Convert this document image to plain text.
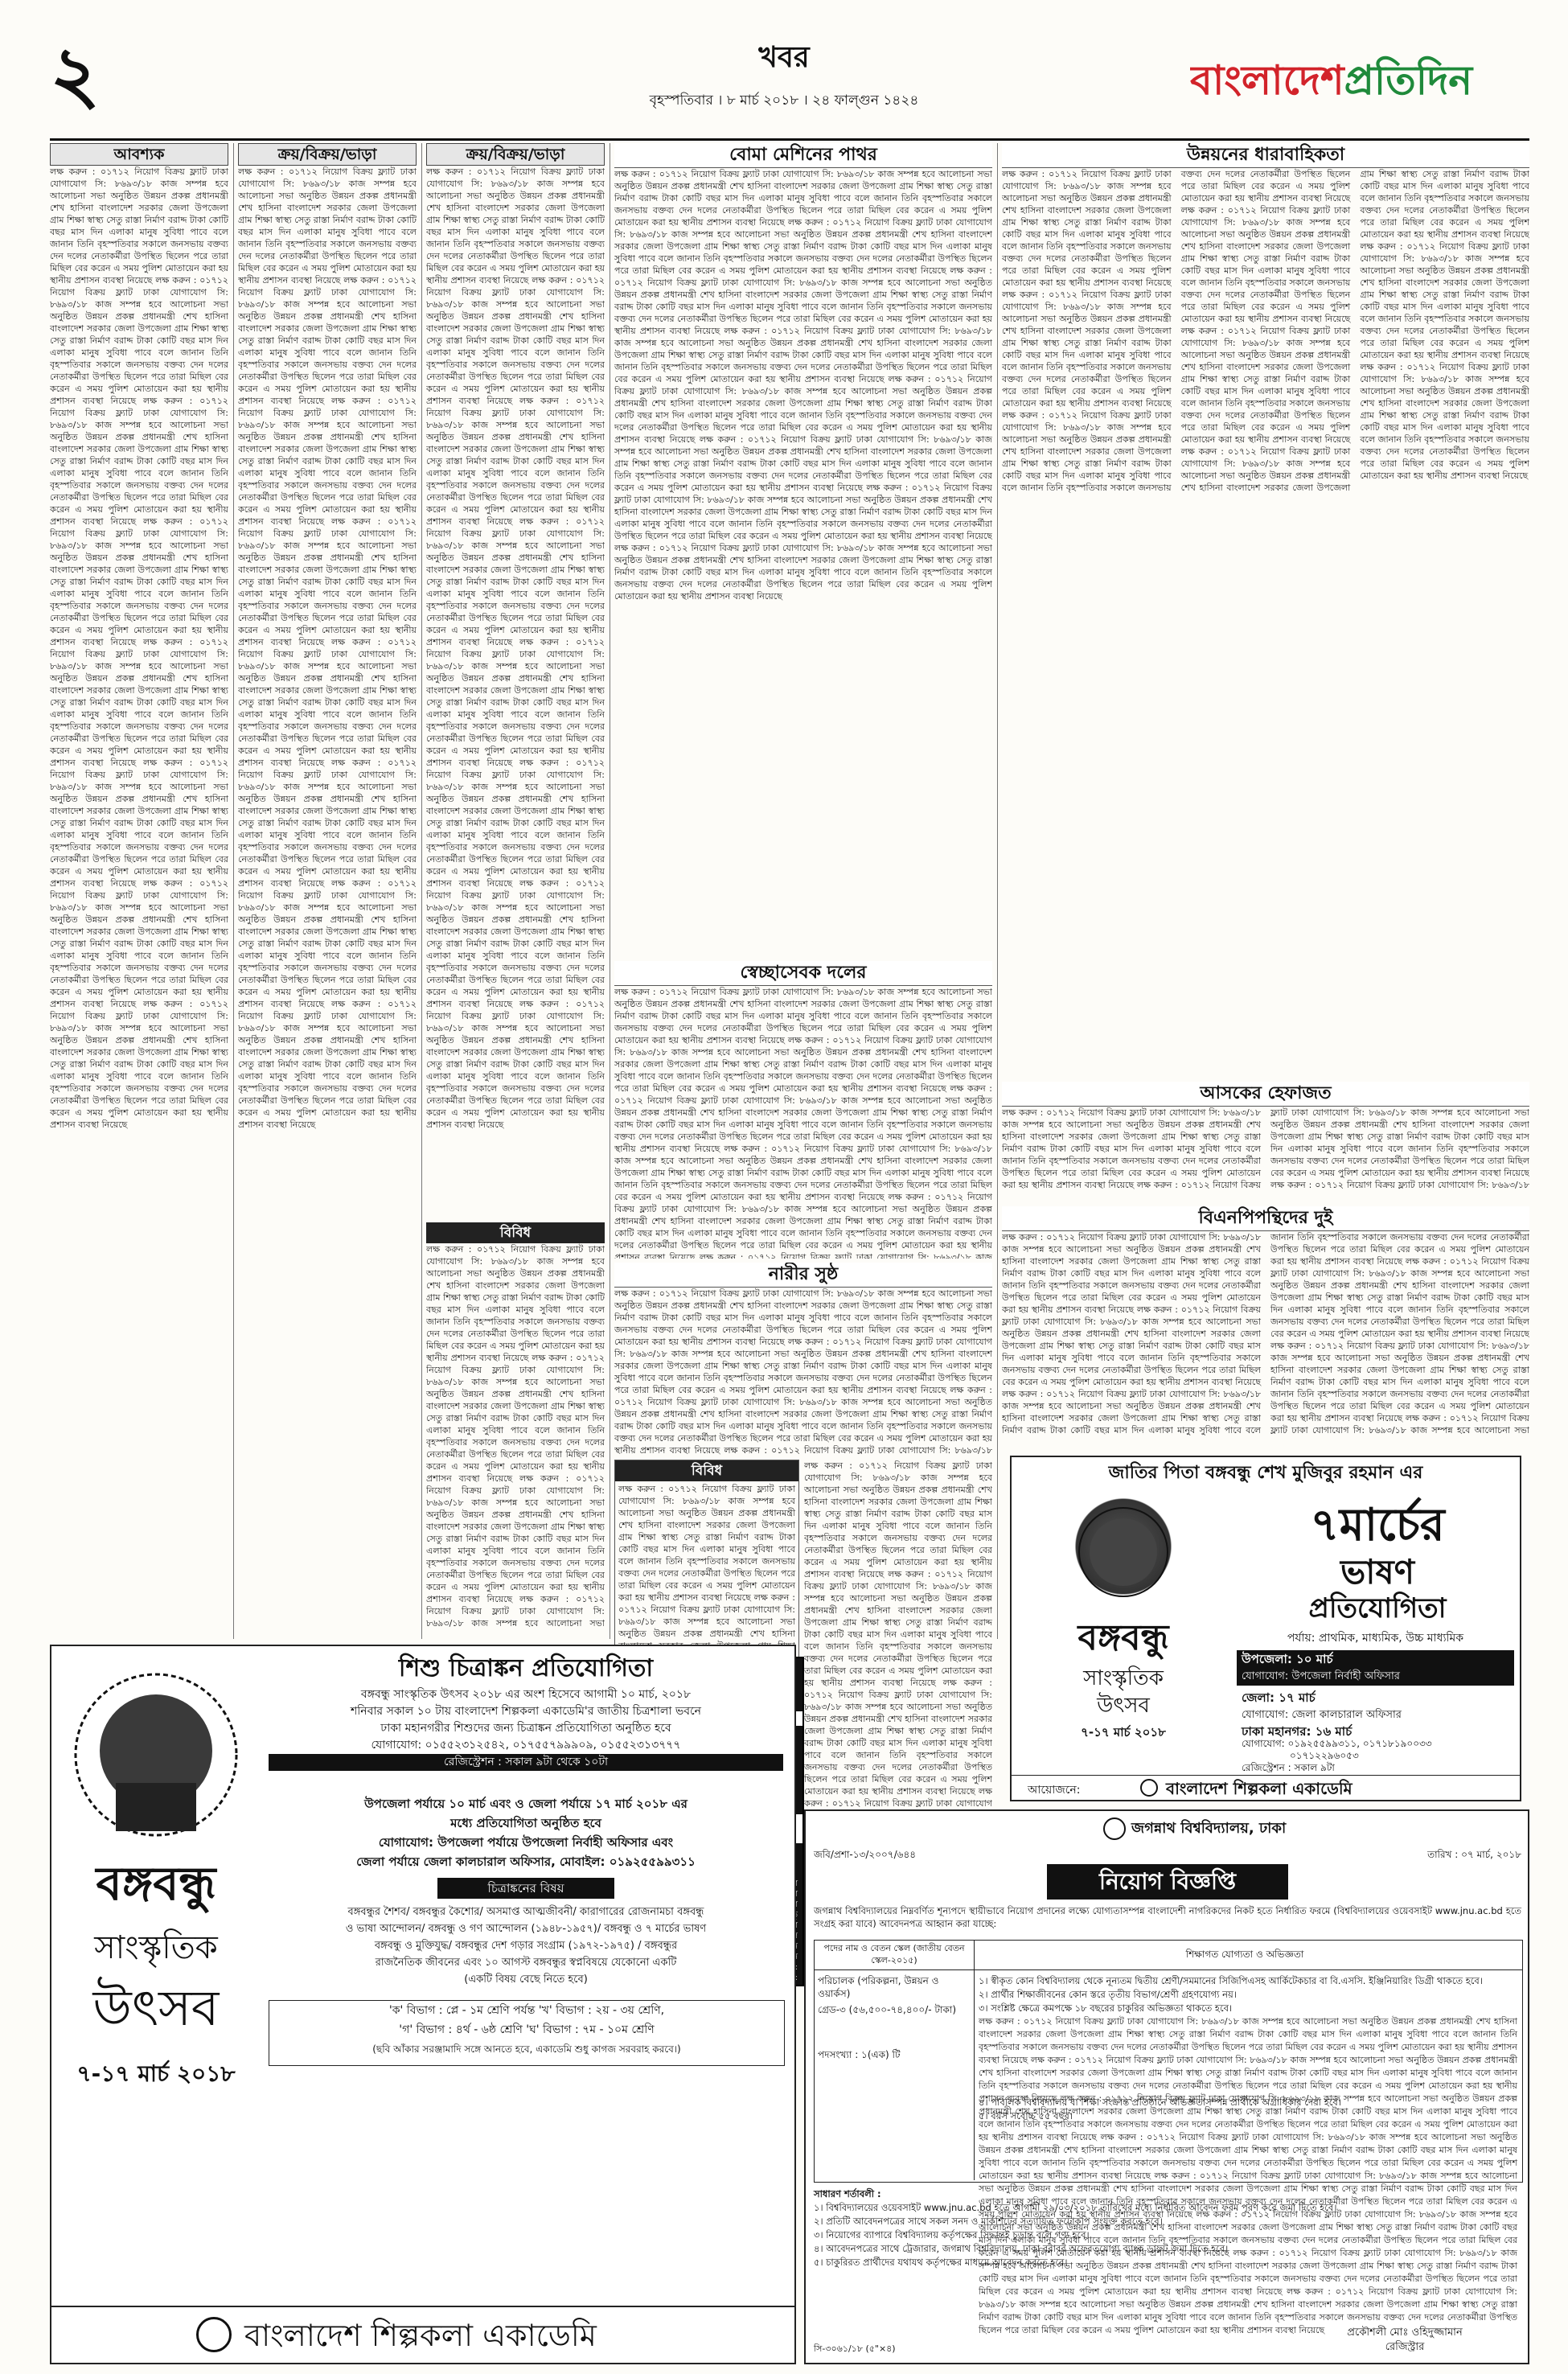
২	খবর
বৃহস্পতিবার । ৮ মার্চ ২০১৮ । ২৪ ফাল্গুন ১৪২৪	বাংলাদেশপ্রতিদিন
আবশ্যক
লক্ষ করুন : ০১৭১২ নিয়োগ বিক্রয় ফ্ল্যাট ঢাকা যোগাযোগ সি: ৮৬৯৩/১৮ কাজ সম্পন্ন হবে আলোচনা সভা অনুষ্ঠিত উন্নয়ন প্রকল্প প্রধানমন্ত্রী শেখ হাসিনা বাংলাদেশ সরকার জেলা উপজেলা গ্রাম শিক্ষা স্বাস্থ্য সেতু রাস্তা নির্মাণ বরাদ্দ টাকা কোটি বছর মাস দিন এলাকা মানুষ সুবিধা পাবে বলে জানান তিনি বৃহস্পতিবার সকালে জনসভায় বক্তব্য দেন দলের নেতাকর্মীরা উপস্থিত ছিলেন পরে তারা মিছিল বের করেন এ সময় পুলিশ মোতায়েন করা হয় স্থানীয় প্রশাসন ব্যবস্থা নিয়েছে লক্ষ করুন : ০১৭১২ নিয়োগ বিক্রয় ফ্ল্যাট ঢাকা যোগাযোগ সি: ৮৬৯৩/১৮ কাজ সম্পন্ন হবে আলোচনা সভা অনুষ্ঠিত উন্নয়ন প্রকল্প প্রধানমন্ত্রী শেখ হাসিনা বাংলাদেশ সরকার জেলা উপজেলা গ্রাম শিক্ষা স্বাস্থ্য সেতু রাস্তা নির্মাণ বরাদ্দ টাকা কোটি বছর মাস দিন এলাকা মানুষ সুবিধা পাবে বলে জানান তিনি বৃহস্পতিবার সকালে জনসভায় বক্তব্য দেন দলের নেতাকর্মীরা উপস্থিত ছিলেন পরে তারা মিছিল বের করেন এ সময় পুলিশ মোতায়েন করা হয় স্থানীয় প্রশাসন ব্যবস্থা নিয়েছে লক্ষ করুন : ০১৭১২ নিয়োগ বিক্রয় ফ্ল্যাট ঢাকা যোগাযোগ সি: ৮৬৯৩/১৮ কাজ সম্পন্ন হবে আলোচনা সভা অনুষ্ঠিত উন্নয়ন প্রকল্প প্রধানমন্ত্রী শেখ হাসিনা বাংলাদেশ সরকার জেলা উপজেলা গ্রাম শিক্ষা স্বাস্থ্য সেতু রাস্তা নির্মাণ বরাদ্দ টাকা কোটি বছর মাস দিন এলাকা মানুষ সুবিধা পাবে বলে জানান তিনি বৃহস্পতিবার সকালে জনসভায় বক্তব্য দেন দলের নেতাকর্মীরা উপস্থিত ছিলেন পরে তারা মিছিল বের করেন এ সময় পুলিশ মোতায়েন করা হয় স্থানীয় প্রশাসন ব্যবস্থা নিয়েছে লক্ষ করুন : ০১৭১২ নিয়োগ বিক্রয় ফ্ল্যাট ঢাকা যোগাযোগ সি: ৮৬৯৩/১৮ কাজ সম্পন্ন হবে আলোচনা সভা অনুষ্ঠিত উন্নয়ন প্রকল্প প্রধানমন্ত্রী শেখ হাসিনা বাংলাদেশ সরকার জেলা উপজেলা গ্রাম শিক্ষা স্বাস্থ্য সেতু রাস্তা নির্মাণ বরাদ্দ টাকা কোটি বছর মাস দিন এলাকা মানুষ সুবিধা পাবে বলে জানান তিনি বৃহস্পতিবার সকালে জনসভায় বক্তব্য দেন দলের নেতাকর্মীরা উপস্থিত ছিলেন পরে তারা মিছিল বের করেন এ সময় পুলিশ মোতায়েন করা হয় স্থানীয় প্রশাসন ব্যবস্থা নিয়েছে লক্ষ করুন : ০১৭১২ নিয়োগ বিক্রয় ফ্ল্যাট ঢাকা যোগাযোগ সি: ৮৬৯৩/১৮ কাজ সম্পন্ন হবে আলোচনা সভা অনুষ্ঠিত উন্নয়ন প্রকল্প প্রধানমন্ত্রী শেখ হাসিনা বাংলাদেশ সরকার জেলা উপজেলা গ্রাম শিক্ষা স্বাস্থ্য সেতু রাস্তা নির্মাণ বরাদ্দ টাকা কোটি বছর মাস দিন এলাকা মানুষ সুবিধা পাবে বলে জানান তিনি বৃহস্পতিবার সকালে জনসভায় বক্তব্য দেন দলের নেতাকর্মীরা উপস্থিত ছিলেন পরে তারা মিছিল বের করেন এ সময় পুলিশ মোতায়েন করা হয় স্থানীয় প্রশাসন ব্যবস্থা নিয়েছে লক্ষ করুন : ০১৭১২ নিয়োগ বিক্রয় ফ্ল্যাট ঢাকা যোগাযোগ সি: ৮৬৯৩/১৮ কাজ সম্পন্ন হবে আলোচনা সভা অনুষ্ঠিত উন্নয়ন প্রকল্প প্রধানমন্ত্রী শেখ হাসিনা বাংলাদেশ সরকার জেলা উপজেলা গ্রাম শিক্ষা স্বাস্থ্য সেতু রাস্তা নির্মাণ বরাদ্দ টাকা কোটি বছর মাস দিন এলাকা মানুষ সুবিধা পাবে বলে জানান তিনি বৃহস্পতিবার সকালে জনসভায় বক্তব্য দেন দলের নেতাকর্মীরা উপস্থিত ছিলেন পরে তারা মিছিল বের করেন এ সময় পুলিশ মোতায়েন করা হয় স্থানীয় প্রশাসন ব্যবস্থা নিয়েছে লক্ষ করুন : ০১৭১২ নিয়োগ বিক্রয় ফ্ল্যাট ঢাকা যোগাযোগ সি: ৮৬৯৩/১৮ কাজ সম্পন্ন হবে আলোচনা সভা অনুষ্ঠিত উন্নয়ন প্রকল্প প্রধানমন্ত্রী শেখ হাসিনা বাংলাদেশ সরকার জেলা উপজেলা গ্রাম শিক্ষা স্বাস্থ্য সেতু রাস্তা নির্মাণ বরাদ্দ টাকা কোটি বছর মাস দিন এলাকা মানুষ সুবিধা পাবে বলে জানান তিনি বৃহস্পতিবার সকালে জনসভায় বক্তব্য দেন দলের নেতাকর্মীরা উপস্থিত ছিলেন পরে তারা মিছিল বের করেন এ সময় পুলিশ মোতায়েন করা হয় স্থানীয় প্রশাসন ব্যবস্থা নিয়েছে লক্ষ করুন : ০১৭১২ নিয়োগ বিক্রয় ফ্ল্যাট ঢাকা যোগাযোগ সি: ৮৬৯৩/১৮ কাজ সম্পন্ন হবে আলোচনা সভা অনুষ্ঠিত উন্নয়ন প্রকল্প প্রধানমন্ত্রী শেখ হাসিনা বাংলাদেশ সরকার জেলা উপজেলা গ্রাম শিক্ষা স্বাস্থ্য সেতু রাস্তা নির্মাণ বরাদ্দ টাকা কোটি বছর মাস দিন এলাকা মানুষ সুবিধা পাবে বলে জানান তিনি বৃহস্পতিবার সকালে জনসভায় বক্তব্য দেন দলের নেতাকর্মীরা উপস্থিত ছিলেন পরে তারা মিছিল বের করেন এ সময় পুলিশ মোতায়েন করা হয় স্থানীয় প্রশাসন ব্যবস্থা নিয়েছে	ক্রয়/বিক্রয়/ভাড়া
লক্ষ করুন : ০১৭১২ নিয়োগ বিক্রয় ফ্ল্যাট ঢাকা যোগাযোগ সি: ৮৬৯৩/১৮ কাজ সম্পন্ন হবে আলোচনা সভা অনুষ্ঠিত উন্নয়ন প্রকল্প প্রধানমন্ত্রী শেখ হাসিনা বাংলাদেশ সরকার জেলা উপজেলা গ্রাম শিক্ষা স্বাস্থ্য সেতু রাস্তা নির্মাণ বরাদ্দ টাকা কোটি বছর মাস দিন এলাকা মানুষ সুবিধা পাবে বলে জানান তিনি বৃহস্পতিবার সকালে জনসভায় বক্তব্য দেন দলের নেতাকর্মীরা উপস্থিত ছিলেন পরে তারা মিছিল বের করেন এ সময় পুলিশ মোতায়েন করা হয় স্থানীয় প্রশাসন ব্যবস্থা নিয়েছে লক্ষ করুন : ০১৭১২ নিয়োগ বিক্রয় ফ্ল্যাট ঢাকা যোগাযোগ সি: ৮৬৯৩/১৮ কাজ সম্পন্ন হবে আলোচনা সভা অনুষ্ঠিত উন্নয়ন প্রকল্প প্রধানমন্ত্রী শেখ হাসিনা বাংলাদেশ সরকার জেলা উপজেলা গ্রাম শিক্ষা স্বাস্থ্য সেতু রাস্তা নির্মাণ বরাদ্দ টাকা কোটি বছর মাস দিন এলাকা মানুষ সুবিধা পাবে বলে জানান তিনি বৃহস্পতিবার সকালে জনসভায় বক্তব্য দেন দলের নেতাকর্মীরা উপস্থিত ছিলেন পরে তারা মিছিল বের করেন এ সময় পুলিশ মোতায়েন করা হয় স্থানীয় প্রশাসন ব্যবস্থা নিয়েছে লক্ষ করুন : ০১৭১২ নিয়োগ বিক্রয় ফ্ল্যাট ঢাকা যোগাযোগ সি: ৮৬৯৩/১৮ কাজ সম্পন্ন হবে আলোচনা সভা অনুষ্ঠিত উন্নয়ন প্রকল্প প্রধানমন্ত্রী শেখ হাসিনা বাংলাদেশ সরকার জেলা উপজেলা গ্রাম শিক্ষা স্বাস্থ্য সেতু রাস্তা নির্মাণ বরাদ্দ টাকা কোটি বছর মাস দিন এলাকা মানুষ সুবিধা পাবে বলে জানান তিনি বৃহস্পতিবার সকালে জনসভায় বক্তব্য দেন দলের নেতাকর্মীরা উপস্থিত ছিলেন পরে তারা মিছিল বের করেন এ সময় পুলিশ মোতায়েন করা হয় স্থানীয় প্রশাসন ব্যবস্থা নিয়েছে লক্ষ করুন : ০১৭১২ নিয়োগ বিক্রয় ফ্ল্যাট ঢাকা যোগাযোগ সি: ৮৬৯৩/১৮ কাজ সম্পন্ন হবে আলোচনা সভা অনুষ্ঠিত উন্নয়ন প্রকল্প প্রধানমন্ত্রী শেখ হাসিনা বাংলাদেশ সরকার জেলা উপজেলা গ্রাম শিক্ষা স্বাস্থ্য সেতু রাস্তা নির্মাণ বরাদ্দ টাকা কোটি বছর মাস দিন এলাকা মানুষ সুবিধা পাবে বলে জানান তিনি বৃহস্পতিবার সকালে জনসভায় বক্তব্য দেন দলের নেতাকর্মীরা উপস্থিত ছিলেন পরে তারা মিছিল বের করেন এ সময় পুলিশ মোতায়েন করা হয় স্থানীয় প্রশাসন ব্যবস্থা নিয়েছে লক্ষ করুন : ০১৭১২ নিয়োগ বিক্রয় ফ্ল্যাট ঢাকা যোগাযোগ সি: ৮৬৯৩/১৮ কাজ সম্পন্ন হবে আলোচনা সভা অনুষ্ঠিত উন্নয়ন প্রকল্প প্রধানমন্ত্রী শেখ হাসিনা বাংলাদেশ সরকার জেলা উপজেলা গ্রাম শিক্ষা স্বাস্থ্য সেতু রাস্তা নির্মাণ বরাদ্দ টাকা কোটি বছর মাস দিন এলাকা মানুষ সুবিধা পাবে বলে জানান তিনি বৃহস্পতিবার সকালে জনসভায় বক্তব্য দেন দলের নেতাকর্মীরা উপস্থিত ছিলেন পরে তারা মিছিল বের করেন এ সময় পুলিশ মোতায়েন করা হয় স্থানীয় প্রশাসন ব্যবস্থা নিয়েছে লক্ষ করুন : ০১৭১২ নিয়োগ বিক্রয় ফ্ল্যাট ঢাকা যোগাযোগ সি: ৮৬৯৩/১৮ কাজ সম্পন্ন হবে আলোচনা সভা অনুষ্ঠিত উন্নয়ন প্রকল্প প্রধানমন্ত্রী শেখ হাসিনা বাংলাদেশ সরকার জেলা উপজেলা গ্রাম শিক্ষা স্বাস্থ্য সেতু রাস্তা নির্মাণ বরাদ্দ টাকা কোটি বছর মাস দিন এলাকা মানুষ সুবিধা পাবে বলে জানান তিনি বৃহস্পতিবার সকালে জনসভায় বক্তব্য দেন দলের নেতাকর্মীরা উপস্থিত ছিলেন পরে তারা মিছিল বের করেন এ সময় পুলিশ মোতায়েন করা হয় স্থানীয় প্রশাসন ব্যবস্থা নিয়েছে লক্ষ করুন : ০১৭১২ নিয়োগ বিক্রয় ফ্ল্যাট ঢাকা যোগাযোগ সি: ৮৬৯৩/১৮ কাজ সম্পন্ন হবে আলোচনা সভা অনুষ্ঠিত উন্নয়ন প্রকল্প প্রধানমন্ত্রী শেখ হাসিনা বাংলাদেশ সরকার জেলা উপজেলা গ্রাম শিক্ষা স্বাস্থ্য সেতু রাস্তা নির্মাণ বরাদ্দ টাকা কোটি বছর মাস দিন এলাকা মানুষ সুবিধা পাবে বলে জানান তিনি বৃহস্পতিবার সকালে জনসভায় বক্তব্য দেন দলের নেতাকর্মীরা উপস্থিত ছিলেন পরে তারা মিছিল বের করেন এ সময় পুলিশ মোতায়েন করা হয় স্থানীয় প্রশাসন ব্যবস্থা নিয়েছে লক্ষ করুন : ০১৭১২ নিয়োগ বিক্রয় ফ্ল্যাট ঢাকা যোগাযোগ সি: ৮৬৯৩/১৮ কাজ সম্পন্ন হবে আলোচনা সভা অনুষ্ঠিত উন্নয়ন প্রকল্প প্রধানমন্ত্রী শেখ হাসিনা বাংলাদেশ সরকার জেলা উপজেলা গ্রাম শিক্ষা স্বাস্থ্য সেতু রাস্তা নির্মাণ বরাদ্দ টাকা কোটি বছর মাস দিন এলাকা মানুষ সুবিধা পাবে বলে জানান তিনি বৃহস্পতিবার সকালে জনসভায় বক্তব্য দেন দলের নেতাকর্মীরা উপস্থিত ছিলেন পরে তারা মিছিল বের করেন এ সময় পুলিশ মোতায়েন করা হয় স্থানীয় প্রশাসন ব্যবস্থা নিয়েছে	ক্রয়/বিক্রয়/ভাড়া
লক্ষ করুন : ০১৭১২ নিয়োগ বিক্রয় ফ্ল্যাট ঢাকা যোগাযোগ সি: ৮৬৯৩/১৮ কাজ সম্পন্ন হবে আলোচনা সভা অনুষ্ঠিত উন্নয়ন প্রকল্প প্রধানমন্ত্রী শেখ হাসিনা বাংলাদেশ সরকার জেলা উপজেলা গ্রাম শিক্ষা স্বাস্থ্য সেতু রাস্তা নির্মাণ বরাদ্দ টাকা কোটি বছর মাস দিন এলাকা মানুষ সুবিধা পাবে বলে জানান তিনি বৃহস্পতিবার সকালে জনসভায় বক্তব্য দেন দলের নেতাকর্মীরা উপস্থিত ছিলেন পরে তারা মিছিল বের করেন এ সময় পুলিশ মোতায়েন করা হয় স্থানীয় প্রশাসন ব্যবস্থা নিয়েছে লক্ষ করুন : ০১৭১২ নিয়োগ বিক্রয় ফ্ল্যাট ঢাকা যোগাযোগ সি: ৮৬৯৩/১৮ কাজ সম্পন্ন হবে আলোচনা সভা অনুষ্ঠিত উন্নয়ন প্রকল্প প্রধানমন্ত্রী শেখ হাসিনা বাংলাদেশ সরকার জেলা উপজেলা গ্রাম শিক্ষা স্বাস্থ্য সেতু রাস্তা নির্মাণ বরাদ্দ টাকা কোটি বছর মাস দিন এলাকা মানুষ সুবিধা পাবে বলে জানান তিনি বৃহস্পতিবার সকালে জনসভায় বক্তব্য দেন দলের নেতাকর্মীরা উপস্থিত ছিলেন পরে তারা মিছিল বের করেন এ সময় পুলিশ মোতায়েন করা হয় স্থানীয় প্রশাসন ব্যবস্থা নিয়েছে লক্ষ করুন : ০১৭১২ নিয়োগ বিক্রয় ফ্ল্যাট ঢাকা যোগাযোগ সি: ৮৬৯৩/১৮ কাজ সম্পন্ন হবে আলোচনা সভা অনুষ্ঠিত উন্নয়ন প্রকল্প প্রধানমন্ত্রী শেখ হাসিনা বাংলাদেশ সরকার জেলা উপজেলা গ্রাম শিক্ষা স্বাস্থ্য সেতু রাস্তা নির্মাণ বরাদ্দ টাকা কোটি বছর মাস দিন এলাকা মানুষ সুবিধা পাবে বলে জানান তিনি বৃহস্পতিবার সকালে জনসভায় বক্তব্য দেন দলের নেতাকর্মীরা উপস্থিত ছিলেন পরে তারা মিছিল বের করেন এ সময় পুলিশ মোতায়েন করা হয় স্থানীয় প্রশাসন ব্যবস্থা নিয়েছে লক্ষ করুন : ০১৭১২ নিয়োগ বিক্রয় ফ্ল্যাট ঢাকা যোগাযোগ সি: ৮৬৯৩/১৮ কাজ সম্পন্ন হবে আলোচনা সভা অনুষ্ঠিত উন্নয়ন প্রকল্প প্রধানমন্ত্রী শেখ হাসিনা বাংলাদেশ সরকার জেলা উপজেলা গ্রাম শিক্ষা স্বাস্থ্য সেতু রাস্তা নির্মাণ বরাদ্দ টাকা কোটি বছর মাস দিন এলাকা মানুষ সুবিধা পাবে বলে জানান তিনি বৃহস্পতিবার সকালে জনসভায় বক্তব্য দেন দলের নেতাকর্মীরা উপস্থিত ছিলেন পরে তারা মিছিল বের করেন এ সময় পুলিশ মোতায়েন করা হয় স্থানীয় প্রশাসন ব্যবস্থা নিয়েছে লক্ষ করুন : ০১৭১২ নিয়োগ বিক্রয় ফ্ল্যাট ঢাকা যোগাযোগ সি: ৮৬৯৩/১৮ কাজ সম্পন্ন হবে আলোচনা সভা অনুষ্ঠিত উন্নয়ন প্রকল্প প্রধানমন্ত্রী শেখ হাসিনা বাংলাদেশ সরকার জেলা উপজেলা গ্রাম শিক্ষা স্বাস্থ্য সেতু রাস্তা নির্মাণ বরাদ্দ টাকা কোটি বছর মাস দিন এলাকা মানুষ সুবিধা পাবে বলে জানান তিনি বৃহস্পতিবার সকালে জনসভায় বক্তব্য দেন দলের নেতাকর্মীরা উপস্থিত ছিলেন পরে তারা মিছিল বের করেন এ সময় পুলিশ মোতায়েন করা হয় স্থানীয় প্রশাসন ব্যবস্থা নিয়েছে লক্ষ করুন : ০১৭১২ নিয়োগ বিক্রয় ফ্ল্যাট ঢাকা যোগাযোগ সি: ৮৬৯৩/১৮ কাজ সম্পন্ন হবে আলোচনা সভা অনুষ্ঠিত উন্নয়ন প্রকল্প প্রধানমন্ত্রী শেখ হাসিনা বাংলাদেশ সরকার জেলা উপজেলা গ্রাম শিক্ষা স্বাস্থ্য সেতু রাস্তা নির্মাণ বরাদ্দ টাকা কোটি বছর মাস দিন এলাকা মানুষ সুবিধা পাবে বলে জানান তিনি বৃহস্পতিবার সকালে জনসভায় বক্তব্য দেন দলের নেতাকর্মীরা উপস্থিত ছিলেন পরে তারা মিছিল বের করেন এ সময় পুলিশ মোতায়েন করা হয় স্থানীয় প্রশাসন ব্যবস্থা নিয়েছে লক্ষ করুন : ০১৭১২ নিয়োগ বিক্রয় ফ্ল্যাট ঢাকা যোগাযোগ সি: ৮৬৯৩/১৮ কাজ সম্পন্ন হবে আলোচনা সভা অনুষ্ঠিত উন্নয়ন প্রকল্প প্রধানমন্ত্রী শেখ হাসিনা বাংলাদেশ সরকার জেলা উপজেলা গ্রাম শিক্ষা স্বাস্থ্য সেতু রাস্তা নির্মাণ বরাদ্দ টাকা কোটি বছর মাস দিন এলাকা মানুষ সুবিধা পাবে বলে জানান তিনি বৃহস্পতিবার সকালে জনসভায় বক্তব্য দেন দলের নেতাকর্মীরা উপস্থিত ছিলেন পরে তারা মিছিল বের করেন এ সময় পুলিশ মোতায়েন করা হয় স্থানীয় প্রশাসন ব্যবস্থা নিয়েছে লক্ষ করুন : ০১৭১২ নিয়োগ বিক্রয় ফ্ল্যাট ঢাকা যোগাযোগ সি: ৮৬৯৩/১৮ কাজ সম্পন্ন হবে আলোচনা সভা অনুষ্ঠিত উন্নয়ন প্রকল্প প্রধানমন্ত্রী শেখ হাসিনা বাংলাদেশ সরকার জেলা উপজেলা গ্রাম শিক্ষা স্বাস্থ্য সেতু রাস্তা নির্মাণ বরাদ্দ টাকা কোটি বছর মাস দিন এলাকা মানুষ সুবিধা পাবে বলে জানান তিনি বৃহস্পতিবার সকালে জনসভায় বক্তব্য দেন দলের নেতাকর্মীরা উপস্থিত ছিলেন পরে তারা মিছিল বের করেন এ সময় পুলিশ মোতায়েন করা হয় স্থানীয় প্রশাসন ব্যবস্থা নিয়েছে
বিবিধ
লক্ষ করুন : ০১৭১২ নিয়োগ বিক্রয় ফ্ল্যাট ঢাকা যোগাযোগ সি: ৮৬৯৩/১৮ কাজ সম্পন্ন হবে আলোচনা সভা অনুষ্ঠিত উন্নয়ন প্রকল্প প্রধানমন্ত্রী শেখ হাসিনা বাংলাদেশ সরকার জেলা উপজেলা গ্রাম শিক্ষা স্বাস্থ্য সেতু রাস্তা নির্মাণ বরাদ্দ টাকা কোটি বছর মাস দিন এলাকা মানুষ সুবিধা পাবে বলে জানান তিনি বৃহস্পতিবার সকালে জনসভায় বক্তব্য দেন দলের নেতাকর্মীরা উপস্থিত ছিলেন পরে তারা মিছিল বের করেন এ সময় পুলিশ মোতায়েন করা হয় স্থানীয় প্রশাসন ব্যবস্থা নিয়েছে লক্ষ করুন : ০১৭১২ নিয়োগ বিক্রয় ফ্ল্যাট ঢাকা যোগাযোগ সি: ৮৬৯৩/১৮ কাজ সম্পন্ন হবে আলোচনা সভা অনুষ্ঠিত উন্নয়ন প্রকল্প প্রধানমন্ত্রী শেখ হাসিনা বাংলাদেশ সরকার জেলা উপজেলা গ্রাম শিক্ষা স্বাস্থ্য সেতু রাস্তা নির্মাণ বরাদ্দ টাকা কোটি বছর মাস দিন এলাকা মানুষ সুবিধা পাবে বলে জানান তিনি বৃহস্পতিবার সকালে জনসভায় বক্তব্য দেন দলের নেতাকর্মীরা উপস্থিত ছিলেন পরে তারা মিছিল বের করেন এ সময় পুলিশ মোতায়েন করা হয় স্থানীয় প্রশাসন ব্যবস্থা নিয়েছে লক্ষ করুন : ০১৭১২ নিয়োগ বিক্রয় ফ্ল্যাট ঢাকা যোগাযোগ সি: ৮৬৯৩/১৮ কাজ সম্পন্ন হবে আলোচনা সভা অনুষ্ঠিত উন্নয়ন প্রকল্প প্রধানমন্ত্রী শেখ হাসিনা বাংলাদেশ সরকার জেলা উপজেলা গ্রাম শিক্ষা স্বাস্থ্য সেতু রাস্তা নির্মাণ বরাদ্দ টাকা কোটি বছর মাস দিন এলাকা মানুষ সুবিধা পাবে বলে জানান তিনি বৃহস্পতিবার সকালে জনসভায় বক্তব্য দেন দলের নেতাকর্মীরা উপস্থিত ছিলেন পরে তারা মিছিল বের করেন এ সময় পুলিশ মোতায়েন করা হয় স্থানীয় প্রশাসন ব্যবস্থা নিয়েছে লক্ষ করুন : ০১৭১২ নিয়োগ বিক্রয় ফ্ল্যাট ঢাকা যোগাযোগ সি: ৮৬৯৩/১৮ কাজ সম্পন্ন হবে আলোচনা সভা অনুষ্ঠিত উন্নয়ন প্রকল্প প্রধানমন্ত্রী শেখ হাসিনা বাংলাদেশ সরকার জেলা উপজেলা গ্রাম শিক্ষা স্বাস্থ্য সেতু রাস্তা নির্মাণ বরাদ্দ টাকা কোটি বছর মাস দিন এলাকা মানুষ সুবিধা পাবে বলে জানান তিনি বৃহস্পতিবার সকালে জনসভায় বক্তব্য দেন দলের নেতাকর্মীরা উপস্থিত ছিলেন পরে তারা মিছিল বের করেন এ সময় পুলিশ মোতায়েন করা হয় স্থানীয় প্রশাসন ব্যবস্থা নিয়েছে লক্ষ করুন : ০১৭১২ নিয়োগ বিক্রয় ফ্ল্যাট ঢাকা যোগাযোগ সি: ৮৬৯৩/১৮ কাজ সম্পন্ন হবে আলোচনা সভা অনুষ্ঠিত উন্নয়ন প্রকল্প প্রধানমন্ত্রী শেখ হাসিনা বাংলাদেশ সরকার জেলা উপজেলা গ্রাম শিক্ষা স্বাস্থ্য সেতু রাস্তা নির্মাণ বরাদ্দ টাকা কোটি বছর মাস দিন এলাকা মানুষ সুবিধা পাবে বলে জানান তিনি বৃহস্পতিবার সকালে জনসভায় বক্তব্য দেন দলের নেতাকর্মীরা উপস্থিত ছিলেন পরে তারা মিছিল বের করেন এ সময় পুলিশ মোতায়েন করা হয় স্থানীয় প্রশাসন ব্যবস্থা নিয়েছে লক্ষ করুন : ০১৭১২ নিয়োগ বিক্রয় ফ্ল্যাট ঢাকা যোগাযোগ সি: ৮৬৯৩/১৮ কাজ সম্পন্ন হবে আলোচনা সভা অনুষ্ঠিত উন্নয়ন প্রকল্প প্রধানমন্ত্রী শেখ হাসিনা বাংলাদেশ সরকার জেলা উপজেলা গ্রাম শিক্ষা স্বাস্থ্য সেতু রাস্তা নির্মাণ বরাদ্দ টাকা কোটি বছর মাস দিন এলাকা মানুষ সুবিধা পাবে বলে জানান তিনি বৃহস্পতিবার সকালে জনসভায় বক্তব্য দেন দলের নেতাকর্মীরা উপস্থিত ছিলেন পরে তারা মিছিল বের করেন এ সময় পুলিশ মোতায়েন করা হয় স্থানীয় প্রশাসন ব্যবস্থা নিয়েছে লক্ষ করুন : ০১৭১২ নিয়োগ বিক্রয় ফ্ল্যাট ঢাকা যোগাযোগ সি: ৮৬৯৩/১৮ কাজ সম্পন্ন হবে আলোচনা সভা অনুষ্ঠিত উন্নয়ন প্রকল্প প্রধানমন্ত্রী শেখ হাসিনা বাংলাদেশ সরকার জেলা উপজেলা গ্রাম শিক্ষা স্বাস্থ্য সেতু রাস্তা নির্মাণ বরাদ্দ টাকা কোটি বছর মাস দিন এলাকা মানুষ সুবিধা পাবে বলে জানান তিনি বৃহস্পতিবার সকালে জনসভায় বক্তব্য দেন দলের নেতাকর্মীরা উপস্থিত ছিলেন পরে তারা মিছিল বের করেন এ সময় পুলিশ মোতায়েন করা হয় স্থানীয় প্রশাসন ব্যবস্থা নিয়েছে লক্ষ করুন : ০১৭১২ নিয়োগ বিক্রয় ফ্ল্যাট ঢাকা যোগাযোগ সি: ৮৬৯৩/১৮ কাজ সম্পন্ন হবে আলোচনা সভা অনুষ্ঠিত উন্নয়ন প্রকল্প প্রধানমন্ত্রী শেখ হাসিনা বাংলাদেশ সরকার জেলা উপজেলা গ্রাম শিক্ষা স্বাস্থ্য সেতু রাস্তা নির্মাণ বরাদ্দ টাকা কোটি বছর মাস দিন এলাকা মানুষ সুবিধা পাবে বলে জানান তিনি বৃহস্পতিবার সকালে জনসভায় বক্তব্য দেন দলের নেতাকর্মীরা উপস্থিত ছিলেন পরে তারা মিছিল বের করেন এ সময় পুলিশ মোতায়েন করা হয় স্থানীয় প্রশাসন ব্যবস্থা নিয়েছে
বোমা মেশিনের পাথর
লক্ষ করুন : ০১৭১২ নিয়োগ বিক্রয় ফ্ল্যাট ঢাকা যোগাযোগ সি: ৮৬৯৩/১৮ কাজ সম্পন্ন হবে আলোচনা সভা অনুষ্ঠিত উন্নয়ন প্রকল্প প্রধানমন্ত্রী শেখ হাসিনা বাংলাদেশ সরকার জেলা উপজেলা গ্রাম শিক্ষা স্বাস্থ্য সেতু রাস্তা নির্মাণ বরাদ্দ টাকা কোটি বছর মাস দিন এলাকা মানুষ সুবিধা পাবে বলে জানান তিনি বৃহস্পতিবার সকালে জনসভায় বক্তব্য দেন দলের নেতাকর্মীরা উপস্থিত ছিলেন পরে তারা মিছিল বের করেন এ সময় পুলিশ মোতায়েন করা হয় স্থানীয় প্রশাসন ব্যবস্থা নিয়েছে লক্ষ করুন : ০১৭১২ নিয়োগ বিক্রয় ফ্ল্যাট ঢাকা যোগাযোগ সি: ৮৬৯৩/১৮ কাজ সম্পন্ন হবে আলোচনা সভা অনুষ্ঠিত উন্নয়ন প্রকল্প প্রধানমন্ত্রী শেখ হাসিনা বাংলাদেশ সরকার জেলা উপজেলা গ্রাম শিক্ষা স্বাস্থ্য সেতু রাস্তা নির্মাণ বরাদ্দ টাকা কোটি বছর মাস দিন এলাকা মানুষ সুবিধা পাবে বলে জানান তিনি বৃহস্পতিবার সকালে জনসভায় বক্তব্য দেন দলের নেতাকর্মীরা উপস্থিত ছিলেন পরে তারা মিছিল বের করেন এ সময় পুলিশ মোতায়েন করা হয় স্থানীয় প্রশাসন ব্যবস্থা নিয়েছে লক্ষ করুন : ০১৭১২ নিয়োগ বিক্রয় ফ্ল্যাট ঢাকা যোগাযোগ সি: ৮৬৯৩/১৮ কাজ সম্পন্ন হবে আলোচনা সভা অনুষ্ঠিত উন্নয়ন প্রকল্প প্রধানমন্ত্রী শেখ হাসিনা বাংলাদেশ সরকার জেলা উপজেলা গ্রাম শিক্ষা স্বাস্থ্য সেতু রাস্তা নির্মাণ বরাদ্দ টাকা কোটি বছর মাস দিন এলাকা মানুষ সুবিধা পাবে বলে জানান তিনি বৃহস্পতিবার সকালে জনসভায় বক্তব্য দেন দলের নেতাকর্মীরা উপস্থিত ছিলেন পরে তারা মিছিল বের করেন এ সময় পুলিশ মোতায়েন করা হয় স্থানীয় প্রশাসন ব্যবস্থা নিয়েছে লক্ষ করুন : ০১৭১২ নিয়োগ বিক্রয় ফ্ল্যাট ঢাকা যোগাযোগ সি: ৮৬৯৩/১৮ কাজ সম্পন্ন হবে আলোচনা সভা অনুষ্ঠিত উন্নয়ন প্রকল্প প্রধানমন্ত্রী শেখ হাসিনা বাংলাদেশ সরকার জেলা উপজেলা গ্রাম শিক্ষা স্বাস্থ্য সেতু রাস্তা নির্মাণ বরাদ্দ টাকা কোটি বছর মাস দিন এলাকা মানুষ সুবিধা পাবে বলে জানান তিনি বৃহস্পতিবার সকালে জনসভায় বক্তব্য দেন দলের নেতাকর্মীরা উপস্থিত ছিলেন পরে তারা মিছিল বের করেন এ সময় পুলিশ মোতায়েন করা হয় স্থানীয় প্রশাসন ব্যবস্থা নিয়েছে লক্ষ করুন : ০১৭১২ নিয়োগ বিক্রয় ফ্ল্যাট ঢাকা যোগাযোগ সি: ৮৬৯৩/১৮ কাজ সম্পন্ন হবে আলোচনা সভা অনুষ্ঠিত উন্নয়ন প্রকল্প প্রধানমন্ত্রী শেখ হাসিনা বাংলাদেশ সরকার জেলা উপজেলা গ্রাম শিক্ষা স্বাস্থ্য সেতু রাস্তা নির্মাণ বরাদ্দ টাকা কোটি বছর মাস দিন এলাকা মানুষ সুবিধা পাবে বলে জানান তিনি বৃহস্পতিবার সকালে জনসভায় বক্তব্য দেন দলের নেতাকর্মীরা উপস্থিত ছিলেন পরে তারা মিছিল বের করেন এ সময় পুলিশ মোতায়েন করা হয় স্থানীয় প্রশাসন ব্যবস্থা নিয়েছে লক্ষ করুন : ০১৭১২ নিয়োগ বিক্রয় ফ্ল্যাট ঢাকা যোগাযোগ সি: ৮৬৯৩/১৮ কাজ সম্পন্ন হবে আলোচনা সভা অনুষ্ঠিত উন্নয়ন প্রকল্প প্রধানমন্ত্রী শেখ হাসিনা বাংলাদেশ সরকার জেলা উপজেলা গ্রাম শিক্ষা স্বাস্থ্য সেতু রাস্তা নির্মাণ বরাদ্দ টাকা কোটি বছর মাস দিন এলাকা মানুষ সুবিধা পাবে বলে জানান তিনি বৃহস্পতিবার সকালে জনসভায় বক্তব্য দেন দলের নেতাকর্মীরা উপস্থিত ছিলেন পরে তারা মিছিল বের করেন এ সময় পুলিশ মোতায়েন করা হয় স্থানীয় প্রশাসন ব্যবস্থা নিয়েছে লক্ষ করুন : ০১৭১২ নিয়োগ বিক্রয় ফ্ল্যাট ঢাকা যোগাযোগ সি: ৮৬৯৩/১৮ কাজ সম্পন্ন হবে আলোচনা সভা অনুষ্ঠিত উন্নয়ন প্রকল্প প্রধানমন্ত্রী শেখ হাসিনা বাংলাদেশ সরকার জেলা উপজেলা গ্রাম শিক্ষা স্বাস্থ্য সেতু রাস্তা নির্মাণ বরাদ্দ টাকা কোটি বছর মাস দিন এলাকা মানুষ সুবিধা পাবে বলে জানান তিনি বৃহস্পতিবার সকালে জনসভায় বক্তব্য দেন দলের নেতাকর্মীরা উপস্থিত ছিলেন পরে তারা মিছিল বের করেন এ সময় পুলিশ মোতায়েন করা হয় স্থানীয় প্রশাসন ব্যবস্থা নিয়েছে লক্ষ করুন : ০১৭১২ নিয়োগ বিক্রয় ফ্ল্যাট ঢাকা যোগাযোগ সি: ৮৬৯৩/১৮ কাজ সম্পন্ন হবে আলোচনা সভা অনুষ্ঠিত উন্নয়ন প্রকল্প প্রধানমন্ত্রী শেখ হাসিনা বাংলাদেশ সরকার জেলা উপজেলা গ্রাম শিক্ষা স্বাস্থ্য সেতু রাস্তা নির্মাণ বরাদ্দ টাকা কোটি বছর মাস দিন এলাকা মানুষ সুবিধা পাবে বলে জানান তিনি বৃহস্পতিবার সকালে জনসভায় বক্তব্য দেন দলের নেতাকর্মীরা উপস্থিত ছিলেন পরে তারা মিছিল বের করেন এ সময় পুলিশ মোতায়েন করা হয় স্থানীয় প্রশাসন ব্যবস্থা নিয়েছে
স্বেচ্ছাসেবক দলের
লক্ষ করুন : ০১৭১২ নিয়োগ বিক্রয় ফ্ল্যাট ঢাকা যোগাযোগ সি: ৮৬৯৩/১৮ কাজ সম্পন্ন হবে আলোচনা সভা অনুষ্ঠিত উন্নয়ন প্রকল্প প্রধানমন্ত্রী শেখ হাসিনা বাংলাদেশ সরকার জেলা উপজেলা গ্রাম শিক্ষা স্বাস্থ্য সেতু রাস্তা নির্মাণ বরাদ্দ টাকা কোটি বছর মাস দিন এলাকা মানুষ সুবিধা পাবে বলে জানান তিনি বৃহস্পতিবার সকালে জনসভায় বক্তব্য দেন দলের নেতাকর্মীরা উপস্থিত ছিলেন পরে তারা মিছিল বের করেন এ সময় পুলিশ মোতায়েন করা হয় স্থানীয় প্রশাসন ব্যবস্থা নিয়েছে লক্ষ করুন : ০১৭১২ নিয়োগ বিক্রয় ফ্ল্যাট ঢাকা যোগাযোগ সি: ৮৬৯৩/১৮ কাজ সম্পন্ন হবে আলোচনা সভা অনুষ্ঠিত উন্নয়ন প্রকল্প প্রধানমন্ত্রী শেখ হাসিনা বাংলাদেশ সরকার জেলা উপজেলা গ্রাম শিক্ষা স্বাস্থ্য সেতু রাস্তা নির্মাণ বরাদ্দ টাকা কোটি বছর মাস দিন এলাকা মানুষ সুবিধা পাবে বলে জানান তিনি বৃহস্পতিবার সকালে জনসভায় বক্তব্য দেন দলের নেতাকর্মীরা উপস্থিত ছিলেন পরে তারা মিছিল বের করেন এ সময় পুলিশ মোতায়েন করা হয় স্থানীয় প্রশাসন ব্যবস্থা নিয়েছে লক্ষ করুন : ০১৭১২ নিয়োগ বিক্রয় ফ্ল্যাট ঢাকা যোগাযোগ সি: ৮৬৯৩/১৮ কাজ সম্পন্ন হবে আলোচনা সভা অনুষ্ঠিত উন্নয়ন প্রকল্প প্রধানমন্ত্রী শেখ হাসিনা বাংলাদেশ সরকার জেলা উপজেলা গ্রাম শিক্ষা স্বাস্থ্য সেতু রাস্তা নির্মাণ বরাদ্দ টাকা কোটি বছর মাস দিন এলাকা মানুষ সুবিধা পাবে বলে জানান তিনি বৃহস্পতিবার সকালে জনসভায় বক্তব্য দেন দলের নেতাকর্মীরা উপস্থিত ছিলেন পরে তারা মিছিল বের করেন এ সময় পুলিশ মোতায়েন করা হয় স্থানীয় প্রশাসন ব্যবস্থা নিয়েছে লক্ষ করুন : ০১৭১২ নিয়োগ বিক্রয় ফ্ল্যাট ঢাকা যোগাযোগ সি: ৮৬৯৩/১৮ কাজ সম্পন্ন হবে আলোচনা সভা অনুষ্ঠিত উন্নয়ন প্রকল্প প্রধানমন্ত্রী শেখ হাসিনা বাংলাদেশ সরকার জেলা উপজেলা গ্রাম শিক্ষা স্বাস্থ্য সেতু রাস্তা নির্মাণ বরাদ্দ টাকা কোটি বছর মাস দিন এলাকা মানুষ সুবিধা পাবে বলে জানান তিনি বৃহস্পতিবার সকালে জনসভায় বক্তব্য দেন দলের নেতাকর্মীরা উপস্থিত ছিলেন পরে তারা মিছিল বের করেন এ সময় পুলিশ মোতায়েন করা হয় স্থানীয় প্রশাসন ব্যবস্থা নিয়েছে লক্ষ করুন : ০১৭১২ নিয়োগ বিক্রয় ফ্ল্যাট ঢাকা যোগাযোগ সি: ৮৬৯৩/১৮ কাজ সম্পন্ন হবে আলোচনা সভা অনুষ্ঠিত উন্নয়ন প্রকল্প প্রধানমন্ত্রী শেখ হাসিনা বাংলাদেশ সরকার জেলা উপজেলা গ্রাম শিক্ষা স্বাস্থ্য সেতু রাস্তা নির্মাণ বরাদ্দ টাকা কোটি বছর মাস দিন এলাকা মানুষ সুবিধা পাবে বলে জানান তিনি বৃহস্পতিবার সকালে জনসভায় বক্তব্য দেন দলের নেতাকর্মীরা উপস্থিত ছিলেন পরে তারা মিছিল বের করেন এ সময় পুলিশ মোতায়েন করা হয় স্থানীয় প্রশাসন ব্যবস্থা নিয়েছে লক্ষ করুন : ০১৭১২ নিয়োগ বিক্রয় ফ্ল্যাট ঢাকা যোগাযোগ সি: ৮৬৯৩/১৮ কাজ সম্পন্ন হবে আলোচনা সভা অনুষ্ঠিত উন্নয়ন প্রকল্প প্রধানমন্ত্রী শেখ হাসিনা বাংলাদেশ সরকার জেলা উপজেলা গ্রাম শিক্ষা স্বাস্থ্য সেতু রাস্তা নির্মাণ বরাদ্দ টাকা কোটি বছর মাস দিন এলাকা মানুষ সুবিধা পাবে বলে জানান তিনি বৃহস্পতিবার সকালে জনসভায় বক্তব্য দেন দলের নেতাকর্মীরা উপস্থিত ছিলেন পরে তারা মিছিল বের করেন এ সময় পুলিশ মোতায়েন করা হয় স্থানীয় প্রশাসন ব্যবস্থা নিয়েছে লক্ষ করুন : ০১৭১২ নিয়োগ বিক্রয় ফ্ল্যাট ঢাকা যোগাযোগ সি: ৮৬৯৩/১৮ কাজ সম্পন্ন হবে আলোচনা সভা অনুষ্ঠিত উন্নয়ন প্রকল্প প্রধানমন্ত্রী শেখ হাসিনা বাংলাদেশ সরকার জেলা উপজেলা গ্রাম শিক্ষা স্বাস্থ্য সেতু রাস্তা নির্মাণ বরাদ্দ টাকা কোটি বছর মাস দিন এলাকা মানুষ সুবিধা পাবে বলে জানান তিনি বৃহস্পতিবার সকালে জনসভায় বক্তব্য দেন দলের নেতাকর্মীরা উপস্থিত ছিলেন পরে তারা মিছিল বের করেন এ সময় পুলিশ মোতায়েন করা হয় স্থানীয় প্রশাসন ব্যবস্থা নিয়েছে লক্ষ করুন : ০১৭১২ নিয়োগ বিক্রয় ফ্ল্যাট ঢাকা যোগাযোগ সি: ৮৬৯৩/১৮ কাজ সম্পন্ন হবে আলোচনা সভা অনুষ্ঠিত উন্নয়ন প্রকল্প প্রধানমন্ত্রী শেখ হাসিনা বাংলাদেশ সরকার জেলা উপজেলা গ্রাম শিক্ষা স্বাস্থ্য সেতু রাস্তা নির্মাণ বরাদ্দ টাকা কোটি বছর মাস দিন এলাকা মানুষ সুবিধা পাবে বলে জানান তিনি বৃহস্পতিবার সকালে জনসভায় বক্তব্য দেন দলের নেতাকর্মীরা উপস্থিত ছিলেন পরে তারা মিছিল বের করেন এ সময় পুলিশ মোতায়েন করা হয় স্থানীয় প্রশাসন ব্যবস্থা নিয়েছে
নারীর সুষ্ঠ
লক্ষ করুন : ০১৭১২ নিয়োগ বিক্রয় ফ্ল্যাট ঢাকা যোগাযোগ সি: ৮৬৯৩/১৮ কাজ সম্পন্ন হবে আলোচনা সভা অনুষ্ঠিত উন্নয়ন প্রকল্প প্রধানমন্ত্রী শেখ হাসিনা বাংলাদেশ সরকার জেলা উপজেলা গ্রাম শিক্ষা স্বাস্থ্য সেতু রাস্তা নির্মাণ বরাদ্দ টাকা কোটি বছর মাস দিন এলাকা মানুষ সুবিধা পাবে বলে জানান তিনি বৃহস্পতিবার সকালে জনসভায় বক্তব্য দেন দলের নেতাকর্মীরা উপস্থিত ছিলেন পরে তারা মিছিল বের করেন এ সময় পুলিশ মোতায়েন করা হয় স্থানীয় প্রশাসন ব্যবস্থা নিয়েছে লক্ষ করুন : ০১৭১২ নিয়োগ বিক্রয় ফ্ল্যাট ঢাকা যোগাযোগ সি: ৮৬৯৩/১৮ কাজ সম্পন্ন হবে আলোচনা সভা অনুষ্ঠিত উন্নয়ন প্রকল্প প্রধানমন্ত্রী শেখ হাসিনা বাংলাদেশ সরকার জেলা উপজেলা গ্রাম শিক্ষা স্বাস্থ্য সেতু রাস্তা নির্মাণ বরাদ্দ টাকা কোটি বছর মাস দিন এলাকা মানুষ সুবিধা পাবে বলে জানান তিনি বৃহস্পতিবার সকালে জনসভায় বক্তব্য দেন দলের নেতাকর্মীরা উপস্থিত ছিলেন পরে তারা মিছিল বের করেন এ সময় পুলিশ মোতায়েন করা হয় স্থানীয় প্রশাসন ব্যবস্থা নিয়েছে লক্ষ করুন : ০১৭১২ নিয়োগ বিক্রয় ফ্ল্যাট ঢাকা যোগাযোগ সি: ৮৬৯৩/১৮ কাজ সম্পন্ন হবে আলোচনা সভা অনুষ্ঠিত উন্নয়ন প্রকল্প প্রধানমন্ত্রী শেখ হাসিনা বাংলাদেশ সরকার জেলা উপজেলা গ্রাম শিক্ষা স্বাস্থ্য সেতু রাস্তা নির্মাণ বরাদ্দ টাকা কোটি বছর মাস দিন এলাকা মানুষ সুবিধা পাবে বলে জানান তিনি বৃহস্পতিবার সকালে জনসভায় বক্তব্য দেন দলের নেতাকর্মীরা উপস্থিত ছিলেন পরে তারা মিছিল বের করেন এ সময় পুলিশ মোতায়েন করা হয় স্থানীয় প্রশাসন ব্যবস্থা নিয়েছে লক্ষ করুন : ০১৭১২ নিয়োগ বিক্রয় ফ্ল্যাট ঢাকা যোগাযোগ সি: ৮৬৯৩/১৮ কাজ সম্পন্ন হবে আলোচনা সভা অনুষ্ঠিত উন্নয়ন প্রকল্প প্রধানমন্ত্রী শেখ হাসিনা বাংলাদেশ সরকার জেলা উপজেলা গ্রাম শিক্ষা স্বাস্থ্য সেতু রাস্তা নির্মাণ বরাদ্দ টাকা কোটি বছর মাস দিন এলাকা মানুষ সুবিধা পাবে বলে জানান তিনি বৃহস্পতিবার সকালে জনসভায় বক্তব্য দেন দলের নেতাকর্মীরা উপস্থিত ছিলেন পরে তারা মিছিল বের করেন এ সময় পুলিশ মোতায়েন করা হয় স্থানীয় প্রশাসন ব্যবস্থা নিয়েছে লক্ষ করুন : ০১৭১২ নিয়োগ বিক্রয় ফ্ল্যাট ঢাকা যোগাযোগ সি: ৮৬৯৩/১৮ কাজ সম্পন্ন হবে আলোচনা সভা অনুষ্ঠিত উন্নয়ন প্রকল্প প্রধানমন্ত্রী শেখ হাসিনা বাংলাদেশ সরকার জেলা উপজেলা গ্রাম শিক্ষা স্বাস্থ্য সেতু রাস্তা নির্মাণ বরাদ্দ টাকা কোটি বছর মাস দিন এলাকা মানুষ সুবিধা পাবে বলে জানান তিনি বৃহস্পতিবার সকালে জনসভায় বক্তব্য দেন দলের নেতাকর্মীরা উপস্থিত ছিলেন পরে তারা মিছিল বের করেন এ সময় পুলিশ মোতায়েন করা হয় স্থানীয় প্রশাসন ব্যবস্থা নিয়েছে লক্ষ করুন : ০১৭১২ নিয়োগ বিক্রয় ফ্ল্যাট ঢাকা যোগাযোগ সি: ৮৬৯৩/১৮ কাজ সম্পন্ন হবে আলোচনা সভা অনুষ্ঠিত উন্নয়ন প্রকল্প প্রধানমন্ত্রী শেখ হাসিনা বাংলাদেশ সরকার জেলা উপজেলা গ্রাম শিক্ষা স্বাস্থ্য সেতু রাস্তা নির্মাণ বরাদ্দ টাকা কোটি বছর মাস দিন এলাকা মানুষ সুবিধা পাবে বলে জানান তিনি বৃহস্পতিবার সকালে জনসভায় বক্তব্য দেন দলের নেতাকর্মীরা উপস্থিত ছিলেন পরে তারা মিছিল বের করেন এ সময় পুলিশ মোতায়েন করা হয় স্থানীয় প্রশাসন ব্যবস্থা নিয়েছে লক্ষ করুন : ০১৭১২ নিয়োগ বিক্রয় ফ্ল্যাট ঢাকা যোগাযোগ সি: ৮৬৯৩/১৮ কাজ সম্পন্ন হবে আলোচনা সভা অনুষ্ঠিত উন্নয়ন প্রকল্প প্রধানমন্ত্রী শেখ হাসিনা বাংলাদেশ সরকার জেলা উপজেলা গ্রাম শিক্ষা স্বাস্থ্য সেতু রাস্তা নির্মাণ বরাদ্দ টাকা কোটি বছর মাস দিন এলাকা মানুষ সুবিধা পাবে বলে জানান তিনি বৃহস্পতিবার সকালে জনসভায় বক্তব্য দেন দলের নেতাকর্মীরা উপস্থিত ছিলেন পরে তারা মিছিল বের করেন এ সময় পুলিশ মোতায়েন করা হয় স্থানীয় প্রশাসন ব্যবস্থা নিয়েছে লক্ষ করুন : ০১৭১২ নিয়োগ বিক্রয় ফ্ল্যাট ঢাকা যোগাযোগ সি: ৮৬৯৩/১৮ কাজ সম্পন্ন হবে আলোচনা সভা অনুষ্ঠিত উন্নয়ন প্রকল্প প্রধানমন্ত্রী শেখ হাসিনা বাংলাদেশ সরকার জেলা উপজেলা গ্রাম শিক্ষা স্বাস্থ্য সেতু রাস্তা নির্মাণ বরাদ্দ টাকা কোটি বছর মাস দিন এলাকা মানুষ সুবিধা পাবে বলে জানান তিনি বৃহস্পতিবার সকালে জনসভায় বক্তব্য দেন দলের নেতাকর্মীরা উপস্থিত ছিলেন পরে তারা মিছিল বের করেন এ সময় পুলিশ মোতায়েন করা হয় স্থানীয় প্রশাসন ব্যবস্থা নিয়েছে
বিবিধ
লক্ষ করুন : ০১৭১২ নিয়োগ বিক্রয় ফ্ল্যাট ঢাকা যোগাযোগ সি: ৮৬৯৩/১৮ কাজ সম্পন্ন হবে আলোচনা সভা অনুষ্ঠিত উন্নয়ন প্রকল্প প্রধানমন্ত্রী শেখ হাসিনা বাংলাদেশ সরকার জেলা উপজেলা গ্রাম শিক্ষা স্বাস্থ্য সেতু রাস্তা নির্মাণ বরাদ্দ টাকা কোটি বছর মাস দিন এলাকা মানুষ সুবিধা পাবে বলে জানান তিনি বৃহস্পতিবার সকালে জনসভায় বক্তব্য দেন দলের নেতাকর্মীরা উপস্থিত ছিলেন পরে তারা মিছিল বের করেন এ সময় পুলিশ মোতায়েন করা হয় স্থানীয় প্রশাসন ব্যবস্থা নিয়েছে লক্ষ করুন : ০১৭১২ নিয়োগ বিক্রয় ফ্ল্যাট ঢাকা যোগাযোগ সি: ৮৬৯৩/১৮ কাজ সম্পন্ন হবে আলোচনা সভা অনুষ্ঠিত উন্নয়ন প্রকল্প প্রধানমন্ত্রী শেখ হাসিনা বাংলাদেশ সরকার জেলা উপজেলা গ্রাম শিক্ষা স্বাস্থ্য সেতু রাস্তা নির্মাণ বরাদ্দ টাকা কোটি বছর মাস দিন এলাকা মানুষ সুবিধা পাবে বলে জানান তিনি বৃহস্পতিবার সকালে জনসভায় বক্তব্য দেন দলের নেতাকর্মীরা উপস্থিত ছিলেন পরে তারা মিছিল বের করেন এ সময় পুলিশ মোতায়েন করা হয় স্থানীয় প্রশাসন ব্যবস্থা নিয়েছে লক্ষ করুন : ০১৭১২ নিয়োগ বিক্রয় ফ্ল্যাট ঢাকা যোগাযোগ সি: ৮৬৯৩/১৮ কাজ সম্পন্ন হবে আলোচনা সভা অনুষ্ঠিত উন্নয়ন প্রকল্প প্রধানমন্ত্রী শেখ হাসিনা বাংলাদেশ সরকার জেলা উপজেলা গ্রাম শিক্ষা স্বাস্থ্য সেতু রাস্তা নির্মাণ বরাদ্দ টাকা কোটি বছর মাস দিন এলাকা মানুষ সুবিধা পাবে বলে জানান তিনি বৃহস্পতিবার সকালে জনসভায় বক্তব্য দেন দলের নেতাকর্মীরা উপস্থিত ছিলেন পরে তারা মিছিল বের করেন এ সময় পুলিশ মোতায়েন করা হয় স্থানীয় প্রশাসন ব্যবস্থা নিয়েছে লক্ষ করুন : ০১৭১২ নিয়োগ বিক্রয় ফ্ল্যাট ঢাকা যোগাযোগ সি: ৮৬৯৩/১৮ কাজ সম্পন্ন হবে আলোচনা সভা অনুষ্ঠিত উন্নয়ন প্রকল্প প্রধানমন্ত্রী শেখ হাসিনা বাংলাদেশ সরকার জেলা উপজেলা গ্রাম শিক্ষা স্বাস্থ্য সেতু রাস্তা নির্মাণ বরাদ্দ টাকা কোটি বছর মাস দিন এলাকা মানুষ সুবিধা পাবে বলে জানান তিনি বৃহস্পতিবার সকালে জনসভায় বক্তব্য দেন দলের নেতাকর্মীরা উপস্থিত ছিলেন পরে তারা মিছিল বের করেন এ সময় পুলিশ মোতায়েন করা হয় স্থানীয় প্রশাসন ব্যবস্থা নিয়েছে লক্ষ করুন : ০১৭১২ নিয়োগ বিক্রয় ফ্ল্যাট ঢাকা যোগাযোগ সি: ৮৬৯৩/১৮ কাজ সম্পন্ন হবে আলোচনা সভা অনুষ্ঠিত উন্নয়ন প্রকল্প প্রধানমন্ত্রী শেখ হাসিনা বাংলাদেশ সরকার জেলা উপজেলা গ্রাম শিক্ষা স্বাস্থ্য সেতু রাস্তা নির্মাণ বরাদ্দ টাকা কোটি বছর মাস দিন এলাকা মানুষ সুবিধা পাবে বলে জানান তিনি বৃহস্পতিবার সকালে জনসভায় বক্তব্য দেন দলের নেতাকর্মীরা উপস্থিত ছিলেন পরে তারা মিছিল বের করেন এ সময় পুলিশ মোতায়েন করা হয় স্থানীয় প্রশাসন ব্যবস্থা নিয়েছে লক্ষ করুন : ০১৭১২ নিয়োগ বিক্রয় ফ্ল্যাট ঢাকা যোগাযোগ সি: ৮৬৯৩/১৮ কাজ সম্পন্ন হবে আলোচনা সভা অনুষ্ঠিত উন্নয়ন প্রকল্প প্রধানমন্ত্রী শেখ হাসিনা বাংলাদেশ সরকার জেলা উপজেলা গ্রাম শিক্ষা স্বাস্থ্য সেতু রাস্তা নির্মাণ বরাদ্দ টাকা কোটি বছর মাস দিন এলাকা মানুষ সুবিধা পাবে বলে জানান তিনি বৃহস্পতিবার সকালে জনসভায় বক্তব্য দেন দলের নেতাকর্মীরা উপস্থিত ছিলেন পরে তারা মিছিল বের করেন এ সময় পুলিশ মোতায়েন করা হয় স্থানীয় প্রশাসন ব্যবস্থা নিয়েছে লক্ষ করুন : ০১৭১২ নিয়োগ বিক্রয় ফ্ল্যাট ঢাকা যোগাযোগ সি: ৮৬৯৩/১৮ কাজ সম্পন্ন হবে আলোচনা সভা অনুষ্ঠিত উন্নয়ন প্রকল্প প্রধানমন্ত্রী শেখ হাসিনা বাংলাদেশ সরকার জেলা উপজেলা গ্রাম শিক্ষা স্বাস্থ্য সেতু রাস্তা নির্মাণ বরাদ্দ টাকা কোটি বছর মাস দিন এলাকা মানুষ সুবিধা পাবে বলে জানান তিনি বৃহস্পতিবার সকালে জনসভায় বক্তব্য দেন দলের নেতাকর্মীরা উপস্থিত ছিলেন পরে তারা মিছিল বের করেন এ সময় পুলিশ মোতায়েন করা হয় স্থানীয় প্রশাসন ব্যবস্থা নিয়েছে লক্ষ করুন : ০১৭১২ নিয়োগ বিক্রয় ফ্ল্যাট ঢাকা যোগাযোগ সি: ৮৬৯৩/১৮ কাজ সম্পন্ন হবে আলোচনা সভা অনুষ্ঠিত উন্নয়ন প্রকল্প প্রধানমন্ত্রী শেখ হাসিনা বাংলাদেশ সরকার জেলা উপজেলা গ্রাম শিক্ষা স্বাস্থ্য সেতু রাস্তা নির্মাণ বরাদ্দ টাকা কোটি বছর মাস দিন এলাকা মানুষ সুবিধা পাবে বলে জানান তিনি বৃহস্পতিবার সকালে জনসভায় বক্তব্য দেন দলের নেতাকর্মীরা উপস্থিত ছিলেন পরে তারা মিছিল বের করেন এ সময় পুলিশ মোতায়েন করা হয় স্থানীয় প্রশাসন ব্যবস্থা নিয়েছে
লক্ষ করুন : ০১৭১২ নিয়োগ বিক্রয় ফ্ল্যাট ঢাকা যোগাযোগ সি: ৮৬৯৩/১৮ কাজ সম্পন্ন হবে আলোচনা সভা অনুষ্ঠিত উন্নয়ন প্রকল্প প্রধানমন্ত্রী শেখ হাসিনা বাংলাদেশ সরকার জেলা উপজেলা গ্রাম শিক্ষা স্বাস্থ্য সেতু রাস্তা নির্মাণ বরাদ্দ টাকা কোটি বছর মাস দিন এলাকা মানুষ সুবিধা পাবে বলে জানান তিনি বৃহস্পতিবার সকালে জনসভায় বক্তব্য দেন দলের নেতাকর্মীরা উপস্থিত ছিলেন পরে তারা মিছিল বের করেন এ সময় পুলিশ মোতায়েন করা হয় স্থানীয় প্রশাসন ব্যবস্থা নিয়েছে লক্ষ করুন : ০১৭১২ নিয়োগ বিক্রয় ফ্ল্যাট ঢাকা যোগাযোগ সি: ৮৬৯৩/১৮ কাজ সম্পন্ন হবে আলোচনা সভা অনুষ্ঠিত উন্নয়ন প্রকল্প প্রধানমন্ত্রী শেখ হাসিনা বাংলাদেশ সরকার জেলা উপজেলা গ্রাম শিক্ষা স্বাস্থ্য সেতু রাস্তা নির্মাণ বরাদ্দ টাকা কোটি বছর মাস দিন এলাকা মানুষ সুবিধা পাবে বলে জানান তিনি বৃহস্পতিবার সকালে জনসভায় বক্তব্য দেন দলের নেতাকর্মীরা উপস্থিত ছিলেন পরে তারা মিছিল বের করেন এ সময় পুলিশ মোতায়েন করা হয় স্থানীয় প্রশাসন ব্যবস্থা নিয়েছে লক্ষ করুন : ০১৭১২ নিয়োগ বিক্রয় ফ্ল্যাট ঢাকা যোগাযোগ সি: ৮৬৯৩/১৮ কাজ সম্পন্ন হবে আলোচনা সভা অনুষ্ঠিত উন্নয়ন প্রকল্প প্রধানমন্ত্রী শেখ হাসিনা বাংলাদেশ সরকার জেলা উপজেলা গ্রাম শিক্ষা স্বাস্থ্য সেতু রাস্তা নির্মাণ বরাদ্দ টাকা কোটি বছর মাস দিন এলাকা মানুষ সুবিধা পাবে বলে জানান তিনি বৃহস্পতিবার সকালে জনসভায় বক্তব্য দেন দলের নেতাকর্মীরা উপস্থিত ছিলেন পরে তারা মিছিল বের করেন এ সময় পুলিশ মোতায়েন করা হয় স্থানীয় প্রশাসন ব্যবস্থা নিয়েছে লক্ষ করুন : ০১৭১২ নিয়োগ বিক্রয় ফ্ল্যাট ঢাকা যোগাযোগ সি: ৮৬৯৩/১৮ কাজ সম্পন্ন হবে আলোচনা সভা অনুষ্ঠিত উন্নয়ন প্রকল্প প্রধানমন্ত্রী শেখ হাসিনা বাংলাদেশ সরকার জেলা উপজেলা গ্রাম শিক্ষা স্বাস্থ্য সেতু রাস্তা নির্মাণ বরাদ্দ টাকা কোটি বছর মাস দিন এলাকা মানুষ সুবিধা পাবে বলে জানান তিনি বৃহস্পতিবার সকালে জনসভায় বক্তব্য দেন দলের নেতাকর্মীরা উপস্থিত ছিলেন পরে তারা মিছিল বের করেন এ সময় পুলিশ মোতায়েন করা হয় স্থানীয় প্রশাসন ব্যবস্থা নিয়েছে লক্ষ করুন : ০১৭১২ নিয়োগ বিক্রয় ফ্ল্যাট ঢাকা যোগাযোগ সি: ৮৬৯৩/১৮ কাজ সম্পন্ন হবে আলোচনা সভা অনুষ্ঠিত উন্নয়ন প্রকল্প প্রধানমন্ত্রী শেখ হাসিনা বাংলাদেশ সরকার জেলা উপজেলা গ্রাম শিক্ষা স্বাস্থ্য সেতু রাস্তা নির্মাণ বরাদ্দ টাকা কোটি বছর মাস দিন এলাকা মানুষ সুবিধা পাবে বলে জানান তিনি বৃহস্পতিবার সকালে জনসভায় বক্তব্য দেন দলের নেতাকর্মীরা উপস্থিত ছিলেন পরে তারা মিছিল বের করেন এ সময় পুলিশ মোতায়েন করা হয় স্থানীয় প্রশাসন ব্যবস্থা নিয়েছে লক্ষ করুন : ০১৭১২ নিয়োগ বিক্রয় ফ্ল্যাট ঢাকা যোগাযোগ সি: ৮৬৯৩/১৮ কাজ সম্পন্ন হবে আলোচনা সভা অনুষ্ঠিত উন্নয়ন প্রকল্প প্রধানমন্ত্রী শেখ হাসিনা বাংলাদেশ সরকার জেলা উপজেলা গ্রাম শিক্ষা স্বাস্থ্য সেতু রাস্তা নির্মাণ বরাদ্দ টাকা কোটি বছর মাস দিন এলাকা মানুষ সুবিধা পাবে বলে জানান তিনি বৃহস্পতিবার সকালে জনসভায় বক্তব্য দেন দলের নেতাকর্মীরা উপস্থিত ছিলেন পরে তারা মিছিল বের করেন এ সময় পুলিশ মোতায়েন করা হয় স্থানীয় প্রশাসন ব্যবস্থা নিয়েছে লক্ষ করুন : ০১৭১২ নিয়োগ বিক্রয় ফ্ল্যাট ঢাকা যোগাযোগ সি: ৮৬৯৩/১৮ কাজ সম্পন্ন হবে আলোচনা সভা অনুষ্ঠিত উন্নয়ন প্রকল্প প্রধানমন্ত্রী শেখ হাসিনা বাংলাদেশ সরকার জেলা উপজেলা গ্রাম শিক্ষা স্বাস্থ্য সেতু রাস্তা নির্মাণ বরাদ্দ টাকা কোটি বছর মাস দিন এলাকা মানুষ সুবিধা পাবে বলে জানান তিনি বৃহস্পতিবার সকালে জনসভায় বক্তব্য দেন দলের নেতাকর্মীরা উপস্থিত ছিলেন পরে তারা মিছিল বের করেন এ সময় পুলিশ মোতায়েন করা হয় স্থানীয় প্রশাসন ব্যবস্থা নিয়েছে লক্ষ করুন : ০১৭১২ নিয়োগ বিক্রয় ফ্ল্যাট ঢাকা যোগাযোগ সি: ৮৬৯৩/১৮ কাজ সম্পন্ন হবে আলোচনা সভা অনুষ্ঠিত উন্নয়ন প্রকল্প প্রধানমন্ত্রী শেখ হাসিনা বাংলাদেশ সরকার জেলা উপজেলা গ্রাম শিক্ষা স্বাস্থ্য সেতু রাস্তা নির্মাণ বরাদ্দ টাকা কোটি বছর মাস দিন এলাকা মানুষ সুবিধা পাবে বলে জানান তিনি বৃহস্পতিবার সকালে জনসভায় বক্তব্য দেন দলের নেতাকর্মীরা উপস্থিত ছিলেন পরে তারা মিছিল বের করেন এ সময় পুলিশ মোতায়েন করা হয় স্থানীয় প্রশাসন ব্যবস্থা নিয়েছে
লক্ষ করুন : ০১৭১২ নিয়োগ বিক্রয় ফ্ল্যাট ঢাকা যোগাযোগ সি: ৮৬৯৩/১৮ কাজ সম্পন্ন হবে আলোচনা সভা অনুষ্ঠিত উন্নয়ন প্রকল্প প্রধানমন্ত্রী শেখ হাসিনা বাংলাদেশ সরকার জেলা উপজেলা গ্রাম শিক্ষা স্বাস্থ্য সেতু রাস্তা নির্মাণ বরাদ্দ টাকা কোটি বছর মাস দিন এলাকা মানুষ সুবিধা পাবে বলে জানান তিনি বৃহস্পতিবার সকালে জনসভায় বক্তব্য দেন দলের নেতাকর্মীরা উপস্থিত ছিলেন পরে তারা মিছিল বের করেন এ সময় পুলিশ মোতায়েন করা হয় স্থানীয় প্রশাসন ব্যবস্থা নিয়েছে লক্ষ করুন : ০১৭১২ নিয়োগ বিক্রয় ফ্ল্যাট ঢাকা যোগাযোগ সি: ৮৬৯৩/১৮ কাজ সম্পন্ন হবে আলোচনা সভা অনুষ্ঠিত উন্নয়ন প্রকল্প প্রধানমন্ত্রী শেখ হাসিনা বাংলাদেশ সরকার জেলা উপজেলা গ্রাম শিক্ষা স্বাস্থ্য সেতু রাস্তা নির্মাণ বরাদ্দ টাকা কোটি বছর মাস দিন এলাকা মানুষ সুবিধা পাবে বলে জানান তিনি বৃহস্পতিবার সকালে জনসভায় বক্তব্য দেন দলের নেতাকর্মীরা উপস্থিত ছিলেন পরে তারা মিছিল বের করেন এ সময় পুলিশ মোতায়েন করা হয় স্থানীয় প্রশাসন ব্যবস্থা নিয়েছে লক্ষ করুন : ০১৭১২ নিয়োগ বিক্রয় ফ্ল্যাট ঢাকা যোগাযোগ সি: ৮৬৯৩/১৮ কাজ সম্পন্ন হবে আলোচনা সভা অনুষ্ঠিত উন্নয়ন প্রকল্প প্রধানমন্ত্রী শেখ হাসিনা বাংলাদেশ সরকার জেলা উপজেলা গ্রাম শিক্ষা স্বাস্থ্য সেতু রাস্তা নির্মাণ বরাদ্দ টাকা কোটি বছর মাস দিন এলাকা মানুষ সুবিধা পাবে বলে জানান তিনি বৃহস্পতিবার সকালে জনসভায় বক্তব্য দেন দলের নেতাকর্মীরা উপস্থিত ছিলেন পরে তারা মিছিল বের করেন এ সময় পুলিশ মোতায়েন করা হয় স্থানীয় প্রশাসন ব্যবস্থা নিয়েছে লক্ষ করুন : ০১৭১২ নিয়োগ বিক্রয় ফ্ল্যাট ঢাকা যোগাযোগ সি: ৮৬৯৩/১৮ কাজ সম্পন্ন হবে আলোচনা সভা অনুষ্ঠিত উন্নয়ন প্রকল্প প্রধানমন্ত্রী শেখ হাসিনা বাংলাদেশ সরকার জেলা উপজেলা গ্রাম শিক্ষা স্বাস্থ্য সেতু রাস্তা নির্মাণ বরাদ্দ টাকা কোটি বছর মাস দিন এলাকা মানুষ সুবিধা পাবে বলে জানান তিনি বৃহস্পতিবার সকালে জনসভায় বক্তব্য দেন দলের নেতাকর্মীরা উপস্থিত ছিলেন পরে তারা মিছিল বের করেন এ সময় পুলিশ মোতায়েন করা হয় স্থানীয় প্রশাসন ব্যবস্থা নিয়েছে লক্ষ করুন : ০১৭১২ নিয়োগ বিক্রয় ফ্ল্যাট ঢাকা যোগাযোগ সি: ৮৬৯৩/১৮ কাজ সম্পন্ন হবে আলোচনা সভা অনুষ্ঠিত উন্নয়ন প্রকল্প প্রধানমন্ত্রী শেখ হাসিনা বাংলাদেশ সরকার জেলা উপজেলা গ্রাম শিক্ষা স্বাস্থ্য সেতু রাস্তা নির্মাণ বরাদ্দ টাকা কোটি বছর মাস দিন এলাকা মানুষ সুবিধা পাবে বলে জানান তিনি বৃহস্পতিবার সকালে জনসভায় বক্তব্য দেন দলের নেতাকর্মীরা উপস্থিত ছিলেন পরে তারা মিছিল বের করেন এ সময় পুলিশ মোতায়েন করা হয় স্থানীয় প্রশাসন ব্যবস্থা নিয়েছে লক্ষ করুন : ০১৭১২ নিয়োগ বিক্রয় ফ্ল্যাট ঢাকা যোগাযোগ সি: ৮৬৯৩/১৮ কাজ সম্পন্ন হবে আলোচনা সভা অনুষ্ঠিত উন্নয়ন প্রকল্প প্রধানমন্ত্রী শেখ হাসিনা বাংলাদেশ সরকার জেলা উপজেলা গ্রাম শিক্ষা স্বাস্থ্য সেতু রাস্তা নির্মাণ বরাদ্দ টাকা কোটি বছর মাস দিন এলাকা মানুষ সুবিধা পাবে বলে জানান তিনি বৃহস্পতিবার সকালে জনসভায় বক্তব্য দেন দলের নেতাকর্মীরা উপস্থিত ছিলেন পরে তারা মিছিল বের করেন এ সময় পুলিশ মোতায়েন করা হয় স্থানীয় প্রশাসন ব্যবস্থা নিয়েছে লক্ষ করুন : ০১৭১২ নিয়োগ বিক্রয় ফ্ল্যাট ঢাকা যোগাযোগ সি: ৮৬৯৩/১৮ কাজ সম্পন্ন হবে আলোচনা সভা অনুষ্ঠিত উন্নয়ন প্রকল্প প্রধানমন্ত্রী শেখ হাসিনা বাংলাদেশ সরকার জেলা উপজেলা গ্রাম শিক্ষা স্বাস্থ্য সেতু রাস্তা নির্মাণ বরাদ্দ টাকা কোটি বছর মাস দিন এলাকা মানুষ সুবিধা পাবে বলে জানান তিনি বৃহস্পতিবার সকালে জনসভায় বক্তব্য দেন দলের নেতাকর্মীরা উপস্থিত ছিলেন পরে তারা মিছিল বের করেন এ সময় পুলিশ মোতায়েন করা হয় স্থানীয় প্রশাসন ব্যবস্থা নিয়েছে লক্ষ করুন : ০১৭১২ নিয়োগ বিক্রয় ফ্ল্যাট ঢাকা যোগাযোগ সি: ৮৬৯৩/১৮ কাজ সম্পন্ন হবে আলোচনা সভা অনুষ্ঠিত উন্নয়ন প্রকল্প প্রধানমন্ত্রী শেখ হাসিনা বাংলাদেশ সরকার জেলা উপজেলা গ্রাম শিক্ষা স্বাস্থ্য সেতু রাস্তা নির্মাণ বরাদ্দ টাকা কোটি বছর মাস দিন এলাকা মানুষ সুবিধা পাবে বলে জানান তিনি বৃহস্পতিবার সকালে জনসভায় বক্তব্য দেন দলের নেতাকর্মীরা উপস্থিত ছিলেন পরে তারা মিছিল বের করেন এ সময় পুলিশ মোতায়েন করা হয় স্থানীয় প্রশাসন ব্যবস্থা নিয়েছে
উন্নয়নের ধারাবাহিকতা
লক্ষ করুন : ০১৭১২ নিয়োগ বিক্রয় ফ্ল্যাট ঢাকা যোগাযোগ সি: ৮৬৯৩/১৮ কাজ সম্পন্ন হবে আলোচনা সভা অনুষ্ঠিত উন্নয়ন প্রকল্প প্রধানমন্ত্রী শেখ হাসিনা বাংলাদেশ সরকার জেলা উপজেলা গ্রাম শিক্ষা স্বাস্থ্য সেতু রাস্তা নির্মাণ বরাদ্দ টাকা কোটি বছর মাস দিন এলাকা মানুষ সুবিধা পাবে বলে জানান তিনি বৃহস্পতিবার সকালে জনসভায় বক্তব্য দেন দলের নেতাকর্মীরা উপস্থিত ছিলেন পরে তারা মিছিল বের করেন এ সময় পুলিশ মোতায়েন করা হয় স্থানীয় প্রশাসন ব্যবস্থা নিয়েছে লক্ষ করুন : ০১৭১২ নিয়োগ বিক্রয় ফ্ল্যাট ঢাকা যোগাযোগ সি: ৮৬৯৩/১৮ কাজ সম্পন্ন হবে আলোচনা সভা অনুষ্ঠিত উন্নয়ন প্রকল্প প্রধানমন্ত্রী শেখ হাসিনা বাংলাদেশ সরকার জেলা উপজেলা গ্রাম শিক্ষা স্বাস্থ্য সেতু রাস্তা নির্মাণ বরাদ্দ টাকা কোটি বছর মাস দিন এলাকা মানুষ সুবিধা পাবে বলে জানান তিনি বৃহস্পতিবার সকালে জনসভায় বক্তব্য দেন দলের নেতাকর্মীরা উপস্থিত ছিলেন পরে তারা মিছিল বের করেন এ সময় পুলিশ মোতায়েন করা হয় স্থানীয় প্রশাসন ব্যবস্থা নিয়েছে লক্ষ করুন : ০১৭১২ নিয়োগ বিক্রয় ফ্ল্যাট ঢাকা যোগাযোগ সি: ৮৬৯৩/১৮ কাজ সম্পন্ন হবে আলোচনা সভা অনুষ্ঠিত উন্নয়ন প্রকল্প প্রধানমন্ত্রী শেখ হাসিনা বাংলাদেশ সরকার জেলা উপজেলা গ্রাম শিক্ষা স্বাস্থ্য সেতু রাস্তা নির্মাণ বরাদ্দ টাকা কোটি বছর মাস দিন এলাকা মানুষ সুবিধা পাবে বলে জানান তিনি বৃহস্পতিবার সকালে জনসভায় বক্তব্য দেন দলের নেতাকর্মীরা উপস্থিত ছিলেন পরে তারা মিছিল বের করেন এ সময় পুলিশ মোতায়েন করা হয় স্থানীয় প্রশাসন ব্যবস্থা নিয়েছে লক্ষ করুন : ০১৭১২ নিয়োগ বিক্রয় ফ্ল্যাট ঢাকা যোগাযোগ সি: ৮৬৯৩/১৮ কাজ সম্পন্ন হবে আলোচনা সভা অনুষ্ঠিত উন্নয়ন প্রকল্প প্রধানমন্ত্রী শেখ হাসিনা বাংলাদেশ সরকার জেলা উপজেলা গ্রাম শিক্ষা স্বাস্থ্য সেতু রাস্তা নির্মাণ বরাদ্দ টাকা কোটি বছর মাস দিন এলাকা মানুষ সুবিধা পাবে বলে জানান তিনি বৃহস্পতিবার সকালে জনসভায় বক্তব্য দেন দলের নেতাকর্মীরা উপস্থিত ছিলেন পরে তারা মিছিল বের করেন এ সময় পুলিশ মোতায়েন করা হয় স্থানীয় প্রশাসন ব্যবস্থা নিয়েছে লক্ষ করুন : ০১৭১২ নিয়োগ বিক্রয় ফ্ল্যাট ঢাকা যোগাযোগ সি: ৮৬৯৩/১৮ কাজ সম্পন্ন হবে আলোচনা সভা অনুষ্ঠিত উন্নয়ন প্রকল্প প্রধানমন্ত্রী শেখ হাসিনা বাংলাদেশ সরকার জেলা উপজেলা গ্রাম শিক্ষা স্বাস্থ্য সেতু রাস্তা নির্মাণ বরাদ্দ টাকা কোটি বছর মাস দিন এলাকা মানুষ সুবিধা পাবে বলে জানান তিনি বৃহস্পতিবার সকালে জনসভায় বক্তব্য দেন দলের নেতাকর্মীরা উপস্থিত ছিলেন পরে তারা মিছিল বের করেন এ সময় পুলিশ মোতায়েন করা হয় স্থানীয় প্রশাসন ব্যবস্থা নিয়েছে লক্ষ করুন : ০১৭১২ নিয়োগ বিক্রয় ফ্ল্যাট ঢাকা যোগাযোগ সি: ৮৬৯৩/১৮ কাজ সম্পন্ন হবে আলোচনা সভা অনুষ্ঠিত উন্নয়ন প্রকল্প প্রধানমন্ত্রী শেখ হাসিনা বাংলাদেশ সরকার জেলা উপজেলা গ্রাম শিক্ষা স্বাস্থ্য সেতু রাস্তা নির্মাণ বরাদ্দ টাকা কোটি বছর মাস দিন এলাকা মানুষ সুবিধা পাবে বলে জানান তিনি বৃহস্পতিবার সকালে জনসভায় বক্তব্য দেন দলের নেতাকর্মীরা উপস্থিত ছিলেন পরে তারা মিছিল বের করেন এ সময় পুলিশ মোতায়েন করা হয় স্থানীয় প্রশাসন ব্যবস্থা নিয়েছে লক্ষ করুন : ০১৭১২ নিয়োগ বিক্রয় ফ্ল্যাট ঢাকা যোগাযোগ সি: ৮৬৯৩/১৮ কাজ সম্পন্ন হবে আলোচনা সভা অনুষ্ঠিত উন্নয়ন প্রকল্প প্রধানমন্ত্রী শেখ হাসিনা বাংলাদেশ সরকার জেলা উপজেলা গ্রাম শিক্ষা স্বাস্থ্য সেতু রাস্তা নির্মাণ বরাদ্দ টাকা কোটি বছর মাস দিন এলাকা মানুষ সুবিধা পাবে বলে জানান তিনি বৃহস্পতিবার সকালে জনসভায় বক্তব্য দেন দলের নেতাকর্মীরা উপস্থিত ছিলেন পরে তারা মিছিল বের করেন এ সময় পুলিশ মোতায়েন করা হয় স্থানীয় প্রশাসন ব্যবস্থা নিয়েছে লক্ষ করুন : ০১৭১২ নিয়োগ বিক্রয় ফ্ল্যাট ঢাকা যোগাযোগ সি: ৮৬৯৩/১৮ কাজ সম্পন্ন হবে আলোচনা সভা অনুষ্ঠিত উন্নয়ন প্রকল্প প্রধানমন্ত্রী শেখ হাসিনা বাংলাদেশ সরকার জেলা উপজেলা গ্রাম শিক্ষা স্বাস্থ্য সেতু রাস্তা নির্মাণ বরাদ্দ টাকা কোটি বছর মাস দিন এলাকা মানুষ সুবিধা পাবে বলে জানান তিনি বৃহস্পতিবার সকালে জনসভায় বক্তব্য দেন দলের নেতাকর্মীরা উপস্থিত ছিলেন পরে তারা মিছিল বের করেন এ সময় পুলিশ মোতায়েন করা হয় স্থানীয় প্রশাসন ব্যবস্থা নিয়েছে
আসকের হেফাজত
লক্ষ করুন : ০১৭১২ নিয়োগ বিক্রয় ফ্ল্যাট ঢাকা যোগাযোগ সি: ৮৬৯৩/১৮ কাজ সম্পন্ন হবে আলোচনা সভা অনুষ্ঠিত উন্নয়ন প্রকল্প প্রধানমন্ত্রী শেখ হাসিনা বাংলাদেশ সরকার জেলা উপজেলা গ্রাম শিক্ষা স্বাস্থ্য সেতু রাস্তা নির্মাণ বরাদ্দ টাকা কোটি বছর মাস দিন এলাকা মানুষ সুবিধা পাবে বলে জানান তিনি বৃহস্পতিবার সকালে জনসভায় বক্তব্য দেন দলের নেতাকর্মীরা উপস্থিত ছিলেন পরে তারা মিছিল বের করেন এ সময় পুলিশ মোতায়েন করা হয় স্থানীয় প্রশাসন ব্যবস্থা নিয়েছে লক্ষ করুন : ০১৭১২ নিয়োগ বিক্রয় ফ্ল্যাট ঢাকা যোগাযোগ সি: ৮৬৯৩/১৮ কাজ সম্পন্ন হবে আলোচনা সভা অনুষ্ঠিত উন্নয়ন প্রকল্প প্রধানমন্ত্রী শেখ হাসিনা বাংলাদেশ সরকার জেলা উপজেলা গ্রাম শিক্ষা স্বাস্থ্য সেতু রাস্তা নির্মাণ বরাদ্দ টাকা কোটি বছর মাস দিন এলাকা মানুষ সুবিধা পাবে বলে জানান তিনি বৃহস্পতিবার সকালে জনসভায় বক্তব্য দেন দলের নেতাকর্মীরা উপস্থিত ছিলেন পরে তারা মিছিল বের করেন এ সময় পুলিশ মোতায়েন করা হয় স্থানীয় প্রশাসন ব্যবস্থা নিয়েছে লক্ষ করুন : ০১৭১২ নিয়োগ বিক্রয় ফ্ল্যাট ঢাকা যোগাযোগ সি: ৮৬৯৩/১৮ কাজ সম্পন্ন হবে আলোচনা সভা অনুষ্ঠিত উন্নয়ন প্রকল্প প্রধানমন্ত্রী শেখ হাসিনা বাংলাদেশ সরকার জেলা উপজেলা গ্রাম শিক্ষা স্বাস্থ্য সেতু রাস্তা নির্মাণ বরাদ্দ টাকা কোটি বছর মাস দিন এলাকা মানুষ সুবিধা পাবে বলে জানান তিনি বৃহস্পতিবার সকালে জনসভায় বক্তব্য দেন দলের নেতাকর্মীরা উপস্থিত ছিলেন পরে তারা মিছিল বের করেন এ সময় পুলিশ মোতায়েন করা হয় স্থানীয় প্রশাসন ব্যবস্থা নিয়েছে লক্ষ করুন : ০১৭১২ নিয়োগ বিক্রয় ফ্ল্যাট ঢাকা যোগাযোগ সি: ৮৬৯৩/১৮ কাজ সম্পন্ন হবে আলোচনা সভা অনুষ্ঠিত উন্নয়ন প্রকল্প প্রধানমন্ত্রী শেখ হাসিনা বাংলাদেশ সরকার জেলা উপজেলা গ্রাম শিক্ষা স্বাস্থ্য সেতু রাস্তা নির্মাণ বরাদ্দ টাকা কোটি বছর মাস দিন এলাকা মানুষ সুবিধা পাবে বলে জানান তিনি বৃহস্পতিবার সকালে জনসভায় বক্তব্য দেন দলের নেতাকর্মীরা উপস্থিত ছিলেন পরে তারা মিছিল বের করেন এ সময় পুলিশ মোতায়েন করা হয় স্থানীয় প্রশাসন ব্যবস্থা নিয়েছে লক্ষ করুন : ০১৭১২ নিয়োগ বিক্রয় ফ্ল্যাট ঢাকা যোগাযোগ সি: ৮৬৯৩/১৮ কাজ সম্পন্ন হবে আলোচনা সভা অনুষ্ঠিত উন্নয়ন প্রকল্প প্রধানমন্ত্রী শেখ হাসিনা বাংলাদেশ সরকার জেলা উপজেলা গ্রাম শিক্ষা স্বাস্থ্য সেতু রাস্তা নির্মাণ বরাদ্দ টাকা কোটি বছর মাস দিন এলাকা মানুষ সুবিধা পাবে বলে জানান তিনি বৃহস্পতিবার সকালে জনসভায় বক্তব্য দেন দলের নেতাকর্মীরা উপস্থিত ছিলেন পরে তারা মিছিল বের করেন এ সময় পুলিশ মোতায়েন করা হয় স্থানীয় প্রশাসন ব্যবস্থা নিয়েছে লক্ষ করুন : ০১৭১২ নিয়োগ বিক্রয় ফ্ল্যাট ঢাকা যোগাযোগ সি: ৮৬৯৩/১৮ কাজ সম্পন্ন হবে আলোচনা সভা অনুষ্ঠিত উন্নয়ন প্রকল্প প্রধানমন্ত্রী শেখ হাসিনা বাংলাদেশ সরকার জেলা উপজেলা গ্রাম শিক্ষা স্বাস্থ্য সেতু রাস্তা নির্মাণ বরাদ্দ টাকা কোটি বছর মাস দিন এলাকা মানুষ সুবিধা পাবে বলে জানান তিনি বৃহস্পতিবার সকালে জনসভায় বক্তব্য দেন দলের নেতাকর্মীরা উপস্থিত ছিলেন পরে তারা মিছিল বের করেন এ সময় পুলিশ মোতায়েন করা হয় স্থানীয় প্রশাসন ব্যবস্থা নিয়েছে লক্ষ করুন : ০১৭১২ নিয়োগ বিক্রয় ফ্ল্যাট ঢাকা যোগাযোগ সি: ৮৬৯৩/১৮ কাজ সম্পন্ন হবে আলোচনা সভা অনুষ্ঠিত উন্নয়ন প্রকল্প প্রধানমন্ত্রী শেখ হাসিনা বাংলাদেশ সরকার জেলা উপজেলা গ্রাম শিক্ষা স্বাস্থ্য সেতু রাস্তা নির্মাণ বরাদ্দ টাকা কোটি বছর মাস দিন এলাকা মানুষ সুবিধা পাবে বলে জানান তিনি বৃহস্পতিবার সকালে জনসভায় বক্তব্য দেন দলের নেতাকর্মীরা উপস্থিত ছিলেন পরে তারা মিছিল বের করেন এ সময় পুলিশ মোতায়েন করা হয় স্থানীয় প্রশাসন ব্যবস্থা নিয়েছে লক্ষ করুন : ০১৭১২ নিয়োগ বিক্রয় ফ্ল্যাট ঢাকা যোগাযোগ সি: ৮৬৯৩/১৮ কাজ সম্পন্ন হবে আলোচনা সভা অনুষ্ঠিত উন্নয়ন প্রকল্প প্রধানমন্ত্রী শেখ হাসিনা বাংলাদেশ সরকার জেলা উপজেলা গ্রাম শিক্ষা স্বাস্থ্য সেতু রাস্তা নির্মাণ বরাদ্দ টাকা কোটি বছর মাস দিন এলাকা মানুষ সুবিধা পাবে বলে জানান তিনি বৃহস্পতিবার সকালে জনসভায় বক্তব্য দেন দলের নেতাকর্মীরা উপস্থিত ছিলেন পরে তারা মিছিল বের করেন এ সময় পুলিশ মোতায়েন করা হয় স্থানীয় প্রশাসন ব্যবস্থা নিয়েছে
বিএনপিপন্থিদের দুই
লক্ষ করুন : ০১৭১২ নিয়োগ বিক্রয় ফ্ল্যাট ঢাকা যোগাযোগ সি: ৮৬৯৩/১৮ কাজ সম্পন্ন হবে আলোচনা সভা অনুষ্ঠিত উন্নয়ন প্রকল্প প্রধানমন্ত্রী শেখ হাসিনা বাংলাদেশ সরকার জেলা উপজেলা গ্রাম শিক্ষা স্বাস্থ্য সেতু রাস্তা নির্মাণ বরাদ্দ টাকা কোটি বছর মাস দিন এলাকা মানুষ সুবিধা পাবে বলে জানান তিনি বৃহস্পতিবার সকালে জনসভায় বক্তব্য দেন দলের নেতাকর্মীরা উপস্থিত ছিলেন পরে তারা মিছিল বের করেন এ সময় পুলিশ মোতায়েন করা হয় স্থানীয় প্রশাসন ব্যবস্থা নিয়েছে লক্ষ করুন : ০১৭১২ নিয়োগ বিক্রয় ফ্ল্যাট ঢাকা যোগাযোগ সি: ৮৬৯৩/১৮ কাজ সম্পন্ন হবে আলোচনা সভা অনুষ্ঠিত উন্নয়ন প্রকল্প প্রধানমন্ত্রী শেখ হাসিনা বাংলাদেশ সরকার জেলা উপজেলা গ্রাম শিক্ষা স্বাস্থ্য সেতু রাস্তা নির্মাণ বরাদ্দ টাকা কোটি বছর মাস দিন এলাকা মানুষ সুবিধা পাবে বলে জানান তিনি বৃহস্পতিবার সকালে জনসভায় বক্তব্য দেন দলের নেতাকর্মীরা উপস্থিত ছিলেন পরে তারা মিছিল বের করেন এ সময় পুলিশ মোতায়েন করা হয় স্থানীয় প্রশাসন ব্যবস্থা নিয়েছে লক্ষ করুন : ০১৭১২ নিয়োগ বিক্রয় ফ্ল্যাট ঢাকা যোগাযোগ সি: ৮৬৯৩/১৮ কাজ সম্পন্ন হবে আলোচনা সভা অনুষ্ঠিত উন্নয়ন প্রকল্প প্রধানমন্ত্রী শেখ হাসিনা বাংলাদেশ সরকার জেলা উপজেলা গ্রাম শিক্ষা স্বাস্থ্য সেতু রাস্তা নির্মাণ বরাদ্দ টাকা কোটি বছর মাস দিন এলাকা মানুষ সুবিধা পাবে বলে জানান তিনি বৃহস্পতিবার সকালে জনসভায় বক্তব্য দেন দলের নেতাকর্মীরা উপস্থিত ছিলেন পরে তারা মিছিল বের করেন এ সময় পুলিশ মোতায়েন করা হয় স্থানীয় প্রশাসন ব্যবস্থা নিয়েছে লক্ষ করুন : ০১৭১২ নিয়োগ বিক্রয় ফ্ল্যাট ঢাকা যোগাযোগ সি: ৮৬৯৩/১৮ কাজ সম্পন্ন হবে আলোচনা সভা অনুষ্ঠিত উন্নয়ন প্রকল্প প্রধানমন্ত্রী শেখ হাসিনা বাংলাদেশ সরকার জেলা উপজেলা গ্রাম শিক্ষা স্বাস্থ্য সেতু রাস্তা নির্মাণ বরাদ্দ টাকা কোটি বছর মাস দিন এলাকা মানুষ সুবিধা পাবে বলে জানান তিনি বৃহস্পতিবার সকালে জনসভায় বক্তব্য দেন দলের নেতাকর্মীরা উপস্থিত ছিলেন পরে তারা মিছিল বের করেন এ সময় পুলিশ মোতায়েন করা হয় স্থানীয় প্রশাসন ব্যবস্থা নিয়েছে লক্ষ করুন : ০১৭১২ নিয়োগ বিক্রয় ফ্ল্যাট ঢাকা যোগাযোগ সি: ৮৬৯৩/১৮ কাজ সম্পন্ন হবে আলোচনা সভা অনুষ্ঠিত উন্নয়ন প্রকল্প প্রধানমন্ত্রী শেখ হাসিনা বাংলাদেশ সরকার জেলা উপজেলা গ্রাম শিক্ষা স্বাস্থ্য সেতু রাস্তা নির্মাণ বরাদ্দ টাকা কোটি বছর মাস দিন এলাকা মানুষ সুবিধা পাবে বলে জানান তিনি বৃহস্পতিবার সকালে জনসভায় বক্তব্য দেন দলের নেতাকর্মীরা উপস্থিত ছিলেন পরে তারা মিছিল বের করেন এ সময় পুলিশ মোতায়েন করা হয় স্থানীয় প্রশাসন ব্যবস্থা নিয়েছে লক্ষ করুন : ০১৭১২ নিয়োগ বিক্রয় ফ্ল্যাট ঢাকা যোগাযোগ সি: ৮৬৯৩/১৮ কাজ সম্পন্ন হবে আলোচনা সভা অনুষ্ঠিত উন্নয়ন প্রকল্প প্রধানমন্ত্রী শেখ হাসিনা বাংলাদেশ সরকার জেলা উপজেলা গ্রাম শিক্ষা স্বাস্থ্য সেতু রাস্তা নির্মাণ বরাদ্দ টাকা কোটি বছর মাস দিন এলাকা মানুষ সুবিধা পাবে বলে জানান তিনি বৃহস্পতিবার সকালে জনসভায় বক্তব্য দেন দলের নেতাকর্মীরা উপস্থিত ছিলেন পরে তারা মিছিল বের করেন এ সময় পুলিশ মোতায়েন করা হয় স্থানীয় প্রশাসন ব্যবস্থা নিয়েছে লক্ষ করুন : ০১৭১২ নিয়োগ বিক্রয় ফ্ল্যাট ঢাকা যোগাযোগ সি: ৮৬৯৩/১৮ কাজ সম্পন্ন হবে আলোচনা সভা অনুষ্ঠিত উন্নয়ন প্রকল্প প্রধানমন্ত্রী শেখ হাসিনা বাংলাদেশ সরকার জেলা উপজেলা গ্রাম শিক্ষা স্বাস্থ্য সেতু রাস্তা নির্মাণ বরাদ্দ টাকা কোটি বছর মাস দিন এলাকা মানুষ সুবিধা পাবে বলে জানান তিনি বৃহস্পতিবার সকালে জনসভায় বক্তব্য দেন দলের নেতাকর্মীরা উপস্থিত ছিলেন পরে তারা মিছিল বের করেন এ সময় পুলিশ মোতায়েন করা হয় স্থানীয় প্রশাসন ব্যবস্থা নিয়েছে লক্ষ করুন : ০১৭১২ নিয়োগ বিক্রয় ফ্ল্যাট ঢাকা যোগাযোগ সি: ৮৬৯৩/১৮ কাজ সম্পন্ন হবে আলোচনা সভা অনুষ্ঠিত উন্নয়ন প্রকল্প প্রধানমন্ত্রী শেখ হাসিনা বাংলাদেশ সরকার জেলা উপজেলা গ্রাম শিক্ষা স্বাস্থ্য সেতু রাস্তা নির্মাণ বরাদ্দ টাকা কোটি বছর মাস দিন এলাকা মানুষ সুবিধা পাবে বলে জানান তিনি বৃহস্পতিবার সকালে জনসভায় বক্তব্য দেন দলের নেতাকর্মীরা উপস্থিত ছিলেন পরে তারা মিছিল বের করেন এ সময় পুলিশ মোতায়েন করা হয় স্থানীয় প্রশাসন ব্যবস্থা নিয়েছে
জাতির পিতা বঙ্গবন্ধু শেখ মুজিবুর রহমান এর
বঙ্গবন্ধু
সাংস্কৃতিক
উৎসব
৭-১৭ মার্চ ২০১৮
৭মার্চের
ভাষণ
প্রতিযোগিতা
পর্যায়: প্রাথমিক, মাধ্যমিক, উচ্চ মাধ্যমিক
উপজেলা: ১০ মার্চ
যোগাযোগ: উপজেলা নির্বাহী অফিসার
জেলা: ১৭ মার্চ
যোগাযোগ: জেলা কালচারাল অফিসার
ঢাকা মহানগর: ১৬ মার্চ
যোগাযোগ: ০১৯২৫৫৯৯৩১১, ০১৭১৮১৯০০৩৩
০১৭১২২৯৬০৫৩
রেজিস্ট্রেশন : সকাল ৯টা
আয়োজনে:	বাংলাদেশ শিল্পকলা একাডেমি
জগন্নাথ বিশ্ববিদ্যালয়, ঢাকা
জবি/প্রশা-১৩/২০০৭/৬৪৪	তারিখ : ০৭ মার্চ, ২০১৮
নিয়োগ বিজ্ঞপ্তি
জগন্নাথ বিশ্ববিদ্যালয়ের নিম্নবর্ণিত শূন্যপদে স্থায়ীভাবে নিয়োগ প্রদানের লক্ষ্যে যোগ্যতাসম্পন্ন বাংলাদেশী নাগরিকদের নিকট হতে নির্ধারিত ফরমে (বিশ্ববিদ্যালয়ের ওয়েবসাইট www.jnu.ac.bd হতে সংগ্রহ করা যাবে) আবেদনপত্র আহ্বান করা যাচ্ছে:
পদের নাম ও বেতন স্কেল (জাতীয় বেতন স্কেল-২০১৫)
শিক্ষাগত যোগ্যতা ও অভিজ্ঞতা
পরিচালক (পরিকল্পনা, উন্নয়ন ও ওয়ার্কস)
গ্রেড-৩ (৫৬,৫০০-৭৪,৪০০/- টাকা)
পদসংখ্যা : ১(এক) টি
১। স্বীকৃত কোন বিশ্ববিদ্যালয় থেকে নূন্যতম দ্বিতীয় শ্রেণী/সমমানের সিজিপিএসহ আর্কিটেকচার বা বি.এসসি. ইঞ্জিনিয়ারিং ডিগ্রী থাকতে হবে।
২। প্রার্থীর শিক্ষাজীবনের কোন স্তরে তৃতীয় বিভাগ/শ্রেণী গ্রহণযোগ্য নয়।
৩। সংশ্লিষ্ট ক্ষেত্রে কমপক্ষে ১৮ বছরের চাকুরির অভিজ্ঞতা থাকতে হবে।
লক্ষ করুন : ০১৭১২ নিয়োগ বিক্রয় ফ্ল্যাট ঢাকা যোগাযোগ সি: ৮৬৯৩/১৮ কাজ সম্পন্ন হবে আলোচনা সভা অনুষ্ঠিত উন্নয়ন প্রকল্প প্রধানমন্ত্রী শেখ হাসিনা বাংলাদেশ সরকার জেলা উপজেলা গ্রাম শিক্ষা স্বাস্থ্য সেতু রাস্তা নির্মাণ বরাদ্দ টাকা কোটি বছর মাস দিন এলাকা মানুষ সুবিধা পাবে বলে জানান তিনি বৃহস্পতিবার সকালে জনসভায় বক্তব্য দেন দলের নেতাকর্মীরা উপস্থিত ছিলেন পরে তারা মিছিল বের করেন এ সময় পুলিশ মোতায়েন করা হয় স্থানীয় প্রশাসন ব্যবস্থা নিয়েছে লক্ষ করুন : ০১৭১২ নিয়োগ বিক্রয় ফ্ল্যাট ঢাকা যোগাযোগ সি: ৮৬৯৩/১৮ কাজ সম্পন্ন হবে আলোচনা সভা অনুষ্ঠিত উন্নয়ন প্রকল্প প্রধানমন্ত্রী শেখ হাসিনা বাংলাদেশ সরকার জেলা উপজেলা গ্রাম শিক্ষা স্বাস্থ্য সেতু রাস্তা নির্মাণ বরাদ্দ টাকা কোটি বছর মাস দিন এলাকা মানুষ সুবিধা পাবে বলে জানান তিনি বৃহস্পতিবার সকালে জনসভায় বক্তব্য দেন দলের নেতাকর্মীরা উপস্থিত ছিলেন পরে তারা মিছিল বের করেন এ সময় পুলিশ মোতায়েন করা হয় স্থানীয় প্রশাসন ব্যবস্থা নিয়েছে লক্ষ করুন : ০১৭১২ নিয়োগ বিক্রয় ফ্ল্যাট ঢাকা যোগাযোগ সি: ৮৬৯৩/১৮ কাজ সম্পন্ন হবে আলোচনা সভা অনুষ্ঠিত উন্নয়ন প্রকল্প প্রধানমন্ত্রী শেখ হাসিনা বাংলাদেশ সরকার জেলা উপজেলা গ্রাম শিক্ষা স্বাস্থ্য সেতু রাস্তা নির্মাণ বরাদ্দ টাকা কোটি বছর মাস দিন এলাকা মানুষ সুবিধা পাবে বলে জানান তিনি বৃহস্পতিবার সকালে জনসভায় বক্তব্য দেন দলের নেতাকর্মীরা উপস্থিত ছিলেন পরে তারা মিছিল বের করেন এ সময় পুলিশ মোতায়েন করা হয় স্থানীয় প্রশাসন ব্যবস্থা নিয়েছে লক্ষ করুন : ০১৭১২ নিয়োগ বিক্রয় ফ্ল্যাট ঢাকা যোগাযোগ সি: ৮৬৯৩/১৮ কাজ সম্পন্ন হবে আলোচনা সভা অনুষ্ঠিত উন্নয়ন প্রকল্প প্রধানমন্ত্রী শেখ হাসিনা বাংলাদেশ সরকার জেলা উপজেলা গ্রাম শিক্ষা স্বাস্থ্য সেতু রাস্তা নির্মাণ বরাদ্দ টাকা কোটি বছর মাস দিন এলাকা মানুষ সুবিধা পাবে বলে জানান তিনি বৃহস্পতিবার সকালে জনসভায় বক্তব্য দেন দলের নেতাকর্মীরা উপস্থিত ছিলেন পরে তারা মিছিল বের করেন এ সময় পুলিশ মোতায়েন করা হয় স্থানীয় প্রশাসন ব্যবস্থা নিয়েছে লক্ষ করুন : ০১৭১২ নিয়োগ বিক্রয় ফ্ল্যাট ঢাকা যোগাযোগ সি: ৮৬৯৩/১৮ কাজ সম্পন্ন হবে আলোচনা সভা অনুষ্ঠিত উন্নয়ন প্রকল্প প্রধানমন্ত্রী শেখ হাসিনা বাংলাদেশ সরকার জেলা উপজেলা গ্রাম শিক্ষা স্বাস্থ্য সেতু রাস্তা নির্মাণ বরাদ্দ টাকা কোটি বছর মাস দিন এলাকা মানুষ সুবিধা পাবে বলে জানান তিনি বৃহস্পতিবার সকালে জনসভায় বক্তব্য দেন দলের নেতাকর্মীরা উপস্থিত ছিলেন পরে তারা মিছিল বের করেন এ সময় পুলিশ মোতায়েন করা হয় স্থানীয় প্রশাসন ব্যবস্থা নিয়েছে লক্ষ করুন : ০১৭১২ নিয়োগ বিক্রয় ফ্ল্যাট ঢাকা যোগাযোগ সি: ৮৬৯৩/১৮ কাজ সম্পন্ন হবে আলোচনা সভা অনুষ্ঠিত উন্নয়ন প্রকল্প প্রধানমন্ত্রী শেখ হাসিনা বাংলাদেশ সরকার জেলা উপজেলা গ্রাম শিক্ষা স্বাস্থ্য সেতু রাস্তা নির্মাণ বরাদ্দ টাকা কোটি বছর মাস দিন এলাকা মানুষ সুবিধা পাবে বলে জানান তিনি বৃহস্পতিবার সকালে জনসভায় বক্তব্য দেন দলের নেতাকর্মীরা উপস্থিত ছিলেন পরে তারা মিছিল বের করেন এ সময় পুলিশ মোতায়েন করা হয় স্থানীয় প্রশাসন ব্যবস্থা নিয়েছে লক্ষ করুন : ০১৭১২ নিয়োগ বিক্রয় ফ্ল্যাট ঢাকা যোগাযোগ সি: ৮৬৯৩/১৮ কাজ সম্পন্ন হবে আলোচনা সভা অনুষ্ঠিত উন্নয়ন প্রকল্প প্রধানমন্ত্রী শেখ হাসিনা বাংলাদেশ সরকার জেলা উপজেলা গ্রাম শিক্ষা স্বাস্থ্য সেতু রাস্তা নির্মাণ বরাদ্দ টাকা কোটি বছর মাস দিন এলাকা মানুষ সুবিধা পাবে বলে জানান তিনি বৃহস্পতিবার সকালে জনসভায় বক্তব্য দেন দলের নেতাকর্মীরা উপস্থিত ছিলেন পরে তারা মিছিল বের করেন এ সময় পুলিশ মোতায়েন করা হয় স্থানীয় প্রশাসন ব্যবস্থা নিয়েছে লক্ষ করুন : ০১৭১২ নিয়োগ বিক্রয় ফ্ল্যাট ঢাকা যোগাযোগ সি: ৮৬৯৩/১৮ কাজ সম্পন্ন হবে আলোচনা সভা অনুষ্ঠিত উন্নয়ন প্রকল্প প্রধানমন্ত্রী শেখ হাসিনা বাংলাদেশ সরকার জেলা উপজেলা গ্রাম শিক্ষা স্বাস্থ্য সেতু রাস্তা নির্মাণ বরাদ্দ টাকা কোটি বছর মাস দিন এলাকা মানুষ সুবিধা পাবে বলে জানান তিনি বৃহস্পতিবার সকালে জনসভায় বক্তব্য দেন দলের নেতাকর্মীরা উপস্থিত ছিলেন পরে তারা মিছিল বের করেন এ সময় পুলিশ মোতায়েন করা হয় স্থানীয় প্রশাসন ব্যবস্থা নিয়েছে
৪। পাবলিক বিশ্ববিদ্যালয় বা শিক্ষা সংক্রান্ত প্রতিষ্ঠানে অভিজ্ঞতাসম্পন্ন প্রার্থীকে অগ্রাধিকার দেয়া হবে।
৫। বয়স সর্বোচ্চ ৫৫ বছর।
সাধারণ শর্তাবলী :
১। বিশ্ববিদ্যালয়ের ওয়েবসাইট www.jnu.ac.bd হতে আগামী ২৯/০৩/২০১৮ তারিখের মধ্যে নির্ধারিত আবেদন ফরম পূরণ করে জমা দিতে হবে।
২। প্রতিটি আবেদনপত্রের সাথে সকল সনদ ও মার্কশিটের সত্যায়িত ফটোকপি সংযুক্ত করতে হবে।
৩। নিয়োগের ব্যাপারে বিশ্ববিদ্যালয় কর্তৃপক্ষের সিদ্ধান্তই চূড়ান্ত বলে গণ্য হবে।
৪। আবেদনপত্রের সাথে ট্রেজারার, জগন্নাথ বিশ্ববিদ্যালয়, ঢাকা বরাবর অফেরতযোগ্য ব্যাংক ড্রাফট জমা দিতে হবে।
৫। চাকুরিরত প্রার্থীদের যথাযথ কর্তৃপক্ষের মাধ্যমে আবেদন করতে হবে।
প্রকৌশলী মোঃ ওহিদুজ্জামান
রেজিস্ট্রার
সি-৩০৬১/১৮ (৫"×৪)
বঙ্গবন্ধু
সাংস্কৃতিক
উৎসব
৭-১৭ মার্চ ২০১৮
শিশু চিত্রাঙ্কন প্রতিযোগিতা
বঙ্গবন্ধু সাংস্কৃতিক উৎসব ২০১৮ এর অংশ হিসেবে আগামী ১০ মার্চ, ২০১৮
শনিবার সকাল ১০ টায় বাংলাদেশ শিল্পকলা একাডেমি'র জাতীয় চিত্রশালা ভবনে
ঢাকা মহানগরীর শিশুদের জন্য চিত্রাঙ্কন প্রতিযোগিতা অনুষ্ঠিত হবে
যোগাযোগ: ০১৫৫২৩১২৫৪২, ০১৭৫৫৭৯৯৯০৯, ০১৫৫২৩১৩৭৭৭
রেজিস্ট্রেশন : সকাল ৯টা থেকে ১০টা
উপজেলা পর্যায়ে ১০ মার্চ এবং ও জেলা পর্যায়ে ১৭ মার্চ ২০১৮ এর
মধ্যে প্রতিযোগিতা অনুষ্ঠিত হবে
যোগাযোগ: উপজেলা পর্যায়ে উপজেলা নির্বাহী অফিসার এবং
জেলা পর্যায়ে জেলা কালচারাল অফিসার, মোবাইল: ০১৯২৫৫৯৯৩১১
চিত্রাঙ্কনের বিষয়
বঙ্গবন্ধুর শৈশব/ বঙ্গবন্ধুর কৈশোর/ অসমাপ্ত আত্মজীবনী/ কারাগারের রোজনামচা বঙ্গবন্ধু
ও ভাষা আন্দোলন/ বঙ্গবন্ধু ও গণ আন্দোলন (১৯৪৮-১৯৫৭)/ বঙ্গবন্ধু ও ৭ মার্চের ভাষণ
বঙ্গবন্ধু ও মুক্তিযুদ্ধ/ বঙ্গবন্ধুর দেশ গড়ার সংগ্রাম (১৯৭২-১৯৭৫) / বঙ্গবন্ধুর
রাজনৈতিক জীবনের এবং ১০ আগস্ট বঙ্গবন্ধুর স্বপ্নবিষয়ে যেকোনো একটি
(একটি বিষয় বেছে নিতে হবে)
'ক' বিভাগ : প্লে - ১ম শ্রেণি পর্যন্ত 'খ' বিভাগ : ২য় - ৩য় শ্রেণি,
'গ' বিভাগ : ৪র্থ - ৬ষ্ঠ শ্রেণি 'ঘ' বিভাগ : ৭ম - ১০ম শ্রেণি
(ছবি আঁকার সরঞ্জামাদি সঙ্গে আনতে হবে, একাডেমি শুধু কাগজ সরবরাহ করবে।)
বাংলাদেশ শিল্পকলা একাডেমি
